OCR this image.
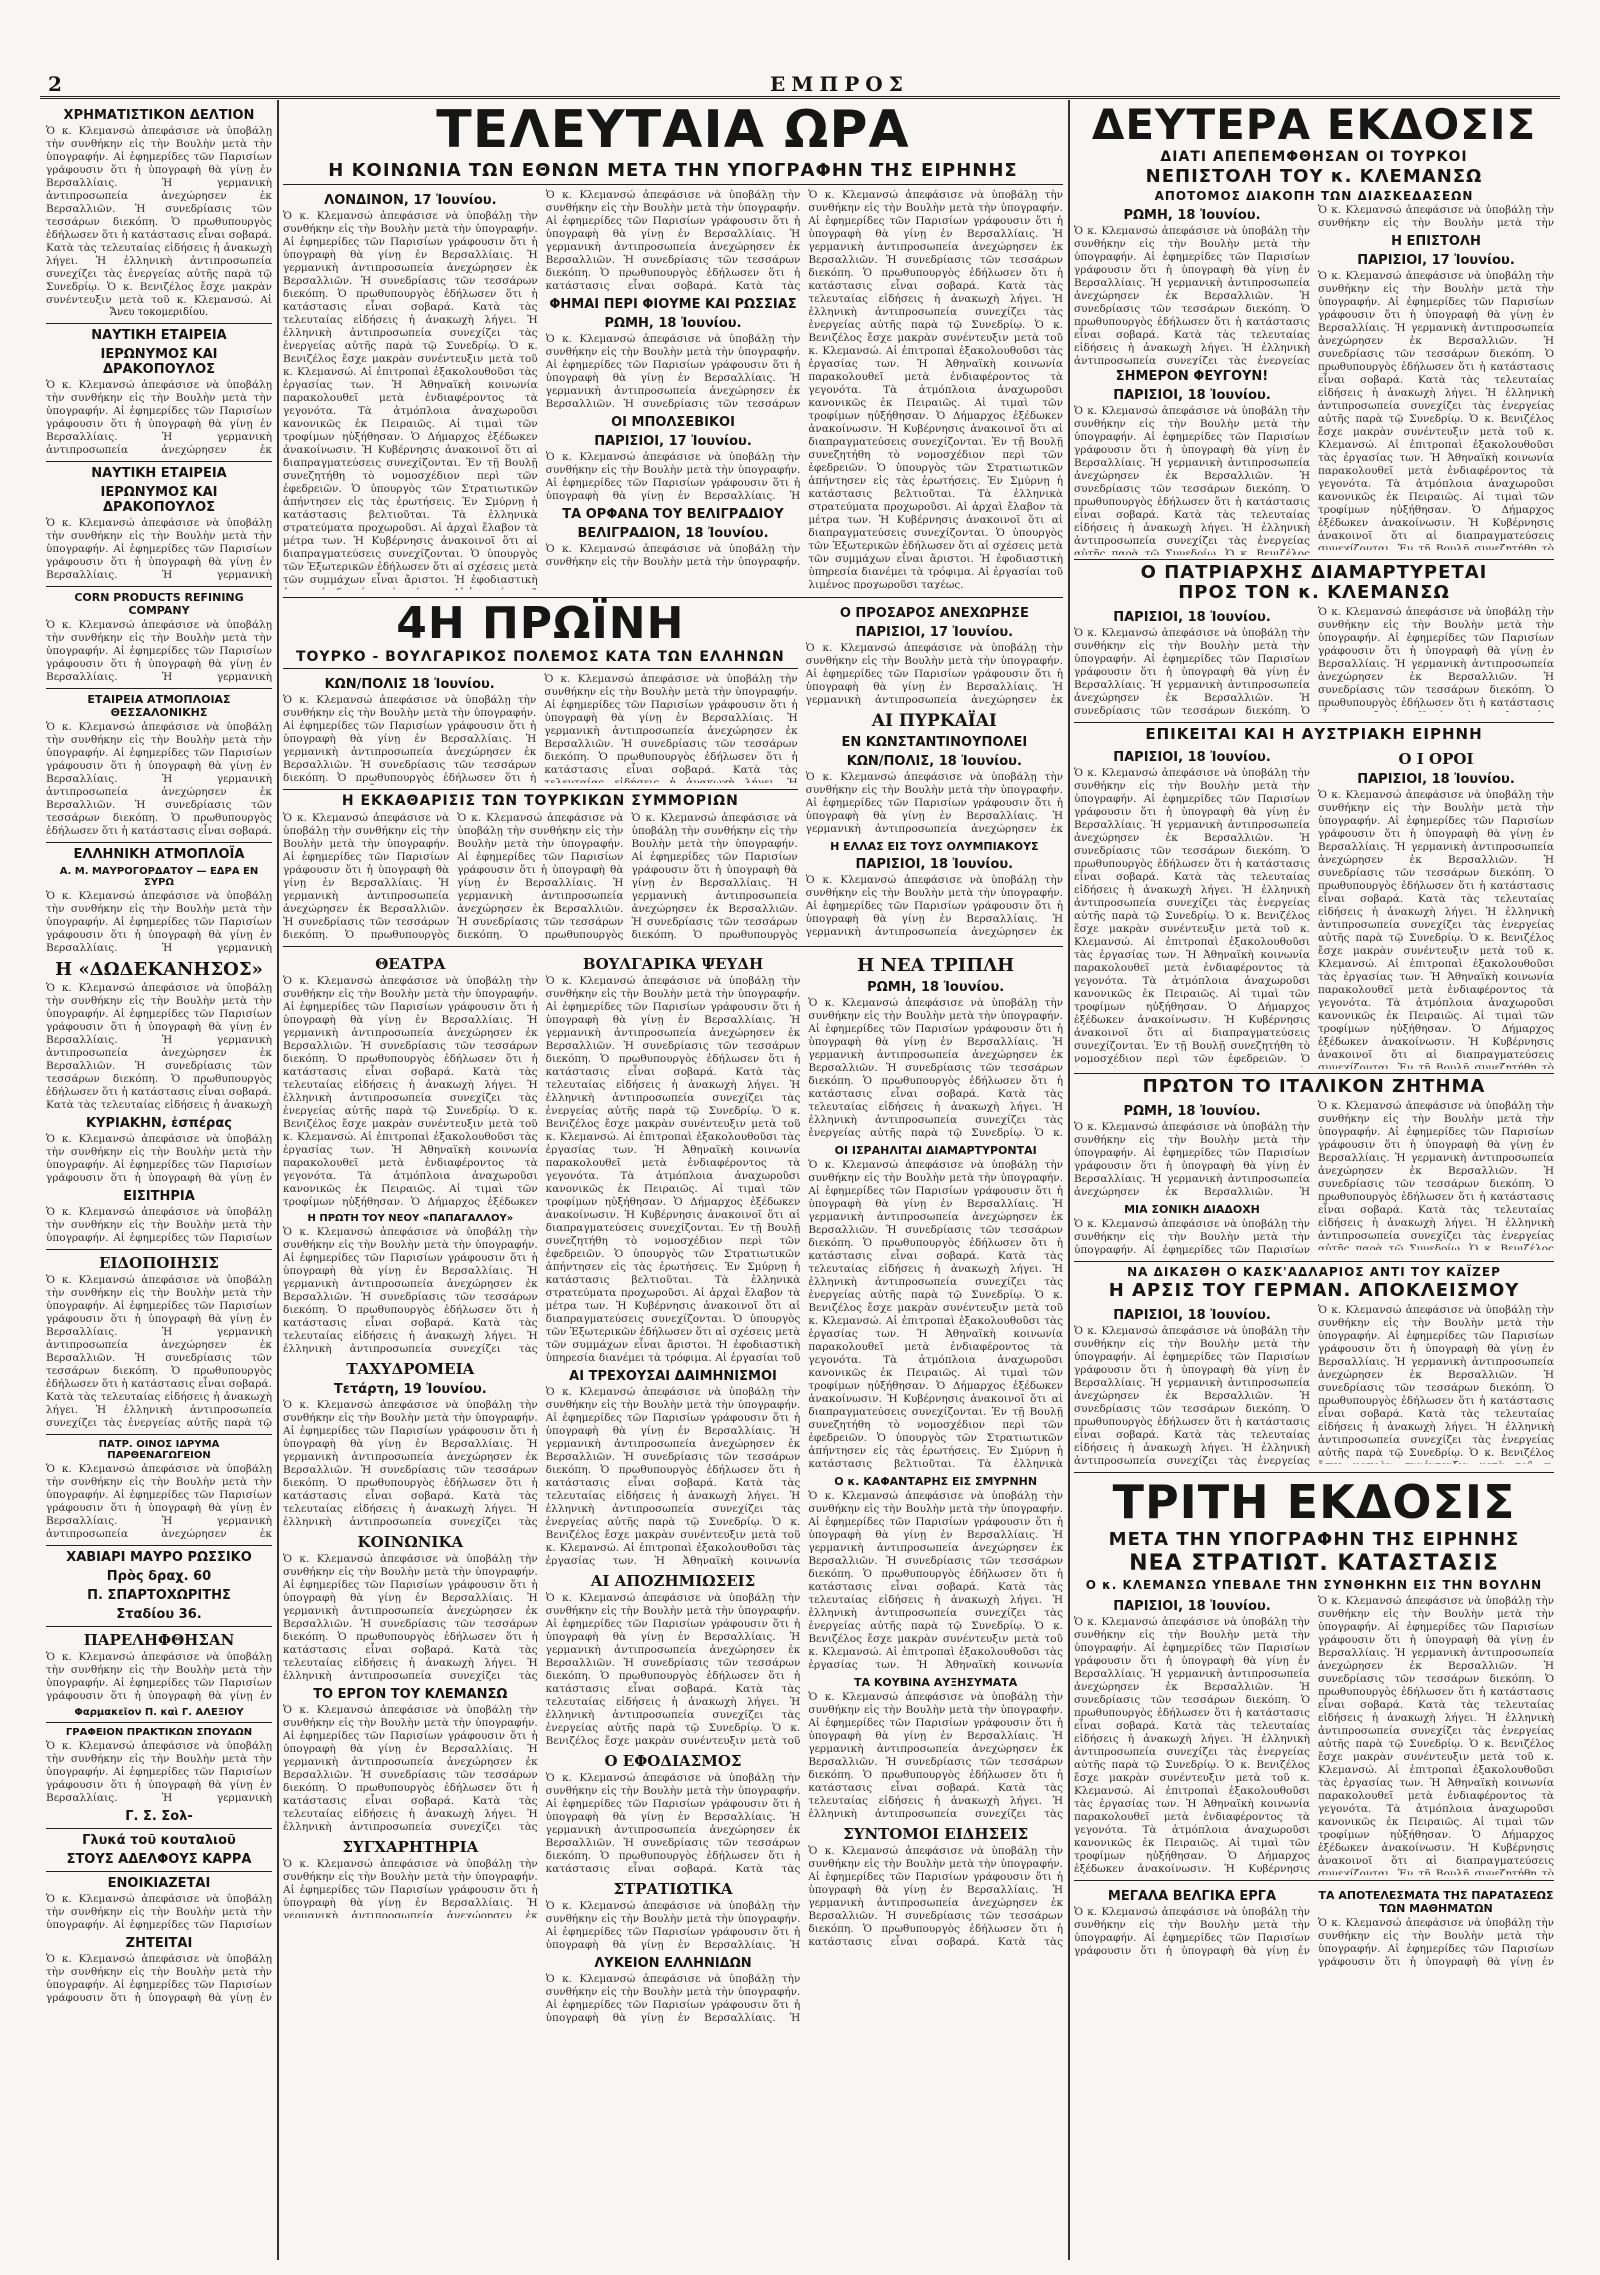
2	ΕΜΠΡΟΣ
ΧΡΗΜΑΤΙΣΤΙΚΟΝ ΔΕΛΤΙΟΝ
Ὁ κ. Κλεμανσώ ἀπεφάσισε νὰ ὑποβάλῃ τὴν συνθήκην εἰς τὴν Βουλὴν μετὰ τὴν ὑπογραφήν. Αἱ ἐφημερίδες τῶν Παρισίων γράφουσιν ὅτι ἡ ὑπογραφὴ θὰ γίνῃ ἐν Βερσαλλίαις. Ἡ γερμανικὴ ἀντιπροσωπεία ἀνεχώρησεν ἐκ Βερσαλλιῶν. Ἡ συνεδρίασις τῶν τεσσάρων διεκόπη. Ὁ πρωθυπουργὸς ἐδήλωσεν ὅτι ἡ κατάστασις εἶναι σοβαρά. Κατὰ τὰς τελευταίας εἰδήσεις ἡ ἀνακωχὴ λήγει. Ἡ ἐλληνικὴ ἀντιπροσωπεία συνεχίζει τὰς ἐνεργείας αὐτῆς παρὰ τῷ Συνεδρίῳ. Ὁ κ. Βενιζέλος ἔσχε μακρὰν συνέντευξιν μετὰ τοῦ κ. Κλεμανσώ. Αἱ ἐπιτροπαὶ ἐξακολουθοῦσι τὰς ἐργασίας των. Ἡ Ἀθηναϊκὴ κοινωνία παρακολουθεῖ μετὰ ἐνδιαφέροντος τὰ γεγονότα. Τὰ ἀτμόπλοια ἀναχωροῦσι κανονικῶς ἐκ Πειραιῶς. Αἱ τιμαὶ τῶν τροφίμων ηὐξήθησαν. Ὁ Δήμαρχος ἐξέδωκεν ἀνακοίνωσιν.
Ἄνευ τοκομεριδίου.
ΝΑΥΤΙΚΗ ΕΤΑΙΡΕΙΑ
ΙΕΡΩΝΥΜΟΣ ΚΑΙ ΔΡΑΚΟΠΟΥΛΟΣ
Ὁ κ. Κλεμανσώ ἀπεφάσισε νὰ ὑποβάλῃ τὴν συνθήκην εἰς τὴν Βουλὴν μετὰ τὴν ὑπογραφήν. Αἱ ἐφημερίδες τῶν Παρισίων γράφουσιν ὅτι ἡ ὑπογραφὴ θὰ γίνῃ ἐν Βερσαλλίαις. Ἡ γερμανικὴ ἀντιπροσωπεία ἀνεχώρησεν ἐκ Βερσαλλιῶν. Ἡ συνεδρίασις τῶν τεσσάρων διεκόπη. Ὁ πρωθυπουργὸς ἐδήλωσεν ὅτι ἡ κατάστασις εἶναι σοβαρά. Κατὰ τὰς τελευταίας εἰδήσεις ἡ ἀνακωχὴ λήγει. Ἡ ἐλληνικὴ ἀντιπροσωπεία συνεχίζει τὰς ἐνεργείας αὐτῆς παρὰ τῷ Συνεδρίῳ. Ὁ κ. Βενιζέλος ἔσχε μακρὰν συνέντευξιν μετὰ τοῦ κ. Κλεμανσώ. Αἱ ἐπιτροπαὶ ἐξακολουθοῦσι τὰς ἐργασίας των. Ἡ Ἀθηναϊκὴ κοινωνία παρακολουθεῖ μετὰ ἐνδιαφέροντος τὰ γεγονότα. Τὰ ἀτμόπλοια ἀναχωροῦσι κανονικῶς ἐκ Πειραιῶς. Αἱ τιμαὶ τῶν τροφίμων ηὐξήθησαν. Ὁ Δήμαρχος ἐξέδωκεν ἀνακοίνωσιν.
ΝΑΥΤΙΚΗ ΕΤΑΙΡΕΙΑ
ΙΕΡΩΝΥΜΟΣ ΚΑΙ ΔΡΑΚΟΠΟΥΛΟΣ
Ὁ κ. Κλεμανσώ ἀπεφάσισε νὰ ὑποβάλῃ τὴν συνθήκην εἰς τὴν Βουλὴν μετὰ τὴν ὑπογραφήν. Αἱ ἐφημερίδες τῶν Παρισίων γράφουσιν ὅτι ἡ ὑπογραφὴ θὰ γίνῃ ἐν Βερσαλλίαις. Ἡ γερμανικὴ ἀντιπροσωπεία ἀνεχώρησεν ἐκ Βερσαλλιῶν. Ἡ συνεδρίασις τῶν τεσσάρων διεκόπη. Ὁ πρωθυπουργὸς ἐδήλωσεν ὅτι ἡ κατάστασις εἶναι σοβαρά. Κατὰ τὰς τελευταίας εἰδήσεις ἡ ἀνακωχὴ λήγει. Ἡ ἐλληνικὴ ἀντιπροσωπεία συνεχίζει τὰς ἐνεργείας αὐτῆς παρὰ τῷ Συνεδρίῳ. Ὁ κ. Βενιζέλος ἔσχε μακρὰν συνέντευξιν μετὰ τοῦ κ. Κλεμανσώ. Αἱ ἐπιτροπαὶ ἐξακολουθοῦσι τὰς ἐργασίας των. Ἡ Ἀθηναϊκὴ κοινωνία παρακολουθεῖ μετὰ ἐνδιαφέροντος τὰ γεγονότα. Τὰ ἀτμόπλοια ἀναχωροῦσι κανονικῶς ἐκ Πειραιῶς. Αἱ τιμαὶ τῶν τροφίμων ηὐξήθησαν. Ὁ Δήμαρχος ἐξέδωκεν ἀνακοίνωσιν.
CORN PRODUCTS REFINING COMPANY
Ὁ κ. Κλεμανσώ ἀπεφάσισε νὰ ὑποβάλῃ τὴν συνθήκην εἰς τὴν Βουλὴν μετὰ τὴν ὑπογραφήν. Αἱ ἐφημερίδες τῶν Παρισίων γράφουσιν ὅτι ἡ ὑπογραφὴ θὰ γίνῃ ἐν Βερσαλλίαις. Ἡ γερμανικὴ ἀντιπροσωπεία ἀνεχώρησεν ἐκ Βερσαλλιῶν. Ἡ συνεδρίασις τῶν τεσσάρων διεκόπη. Ὁ πρωθυπουργὸς ἐδήλωσεν ὅτι ἡ κατάστασις εἶναι σοβαρά. Κατὰ τὰς τελευταίας εἰδήσεις ἡ ἀνακωχὴ λήγει. Ἡ ἐλληνικὴ ἀντιπροσωπεία συνεχίζει τὰς ἐνεργείας αὐτῆς παρὰ τῷ Συνεδρίῳ. Ὁ κ. Βενιζέλος ἔσχε μακρὰν συνέντευξιν μετὰ τοῦ κ. Κλεμανσώ. Αἱ ἐπιτροπαὶ ἐξακολουθοῦσι τὰς ἐργασίας των. Ἡ Ἀθηναϊκὴ κοινωνία παρακολουθεῖ μετὰ ἐνδιαφέροντος τὰ γεγονότα. Τὰ ἀτμόπλοια ἀναχωροῦσι κανονικῶς ἐκ Πειραιῶς. Αἱ τιμαὶ τῶν τροφίμων ηὐξήθησαν. Ὁ Δήμαρχος ἐξέδωκεν ἀνακοίνωσιν.
ΕΤΑΙΡΕΙΑ ΑΤΜΟΠΛΟΙΑΣ ΘΕΣΣΑΛΟΝΙΚΗΣ
Ὁ κ. Κλεμανσώ ἀπεφάσισε νὰ ὑποβάλῃ τὴν συνθήκην εἰς τὴν Βουλὴν μετὰ τὴν ὑπογραφήν. Αἱ ἐφημερίδες τῶν Παρισίων γράφουσιν ὅτι ἡ ὑπογραφὴ θὰ γίνῃ ἐν Βερσαλλίαις. Ἡ γερμανικὴ ἀντιπροσωπεία ἀνεχώρησεν ἐκ Βερσαλλιῶν. Ἡ συνεδρίασις τῶν τεσσάρων διεκόπη. Ὁ πρωθυπουργὸς ἐδήλωσεν ὅτι ἡ κατάστασις εἶναι σοβαρά. Κατὰ τὰς τελευταίας εἰδήσεις ἡ ἀνακωχὴ λήγει. Ἡ ἐλληνικὴ ἀντιπροσωπεία συνεχίζει τὰς ἐνεργείας αὐτῆς παρὰ τῷ Συνεδρίῳ. Ὁ κ. Βενιζέλος ἔσχε μακρὰν συνέντευξιν μετὰ τοῦ κ. Κλεμανσώ. Αἱ ἐπιτροπαὶ ἐξακολουθοῦσι τὰς ἐργασίας των. Ἡ Ἀθηναϊκὴ κοινωνία παρακολουθεῖ μετὰ ἐνδιαφέροντος τὰ γεγονότα. Τὰ ἀτμόπλοια ἀναχωροῦσι κανονικῶς ἐκ Πειραιῶς. Αἱ τιμαὶ τῶν τροφίμων ηὐξήθησαν. Ὁ Δήμαρχος ἐξέδωκεν ἀνακοίνωσιν.
ΕΛΛΗΝΙΚΗ ΑΤΜΟΠΛΟΪΑ
Α. Μ. ΜΑΥΡΟΓΟΡΔΑΤΟΥ — ΕΔΡΑ ΕΝ ΣΥΡΩ
Ὁ κ. Κλεμανσώ ἀπεφάσισε νὰ ὑποβάλῃ τὴν συνθήκην εἰς τὴν Βουλὴν μετὰ τὴν ὑπογραφήν. Αἱ ἐφημερίδες τῶν Παρισίων γράφουσιν ὅτι ἡ ὑπογραφὴ θὰ γίνῃ ἐν Βερσαλλίαις. Ἡ γερμανικὴ ἀντιπροσωπεία ἀνεχώρησεν ἐκ Βερσαλλιῶν. Ἡ συνεδρίασις τῶν τεσσάρων διεκόπη. Ὁ πρωθυπουργὸς ἐδήλωσεν ὅτι ἡ κατάστασις εἶναι σοβαρά. Κατὰ τὰς τελευταίας εἰδήσεις ἡ ἀνακωχὴ λήγει. Ἡ ἐλληνικὴ ἀντιπροσωπεία συνεχίζει τὰς ἐνεργείας αὐτῆς παρὰ τῷ Συνεδρίῳ. Ὁ κ. Βενιζέλος ἔσχε μακρὰν συνέντευξιν μετὰ τοῦ κ. Κλεμανσώ. Αἱ ἐπιτροπαὶ ἐξακολουθοῦσι τὰς ἐργασίας των. Ἡ Ἀθηναϊκὴ κοινωνία παρακολουθεῖ μετὰ ἐνδιαφέροντος τὰ γεγονότα. Τὰ ἀτμόπλοια ἀναχωροῦσι κανονικῶς ἐκ Πειραιῶς. Αἱ τιμαὶ τῶν τροφίμων ηὐξήθησαν. Ὁ Δήμαρχος ἐξέδωκεν ἀνακοίνωσιν.
Η «ΔΩΔΕΚΑΝΗΣΟΣ»
Ὁ κ. Κλεμανσώ ἀπεφάσισε νὰ ὑποβάλῃ τὴν συνθήκην εἰς τὴν Βουλὴν μετὰ τὴν ὑπογραφήν. Αἱ ἐφημερίδες τῶν Παρισίων γράφουσιν ὅτι ἡ ὑπογραφὴ θὰ γίνῃ ἐν Βερσαλλίαις. Ἡ γερμανικὴ ἀντιπροσωπεία ἀνεχώρησεν ἐκ Βερσαλλιῶν. Ἡ συνεδρίασις τῶν τεσσάρων διεκόπη. Ὁ πρωθυπουργὸς ἐδήλωσεν ὅτι ἡ κατάστασις εἶναι σοβαρά. Κατὰ τὰς τελευταίας εἰδήσεις ἡ ἀνακωχὴ λήγει. Ἡ ἐλληνικὴ ἀντιπροσωπεία συνεχίζει τὰς ἐνεργείας αὐτῆς παρὰ τῷ Συνεδρίῳ. Ὁ κ. Βενιζέλος ἔσχε μακρὰν συνέντευξιν μετὰ τοῦ κ. Κλεμανσώ. Αἱ ἐπιτροπαὶ ἐξακολουθοῦσι τὰς ἐργασίας των. Ἡ Ἀθηναϊκὴ κοινωνία παρακολουθεῖ μετὰ ἐνδιαφέροντος τὰ γεγονότα. Τὰ ἀτμόπλοια ἀναχωροῦσι κανονικῶς ἐκ Πειραιῶς. Αἱ τιμαὶ τῶν τροφίμων ηὐξήθησαν. Ὁ Δήμαρχος ἐξέδωκεν ἀνακοίνωσιν.
ΚΥΡΙΑΚΗΝ, ἑσπέρας
Ὁ κ. Κλεμανσώ ἀπεφάσισε νὰ ὑποβάλῃ τὴν συνθήκην εἰς τὴν Βουλὴν μετὰ τὴν ὑπογραφήν. Αἱ ἐφημερίδες τῶν Παρισίων γράφουσιν ὅτι ἡ ὑπογραφὴ θὰ γίνῃ ἐν Βερσαλλίαις. Ἡ γερμανικὴ ἀντιπροσωπεία ἀνεχώρησεν ἐκ Βερσαλλιῶν. Ἡ συνεδρίασις τῶν τεσσάρων διεκόπη. Ὁ πρωθυπουργὸς ἐδήλωσεν ὅτι ἡ κατάστασις εἶναι σοβαρά. Κατὰ τὰς τελευταίας εἰδήσεις ἡ ἀνακωχὴ λήγει. Ἡ ἐλληνικὴ ἀντιπροσωπεία συνεχίζει τὰς ἐνεργείας αὐτῆς παρὰ τῷ Συνεδρίῳ. Ὁ κ. Βενιζέλος ἔσχε μακρὰν συνέντευξιν μετὰ τοῦ κ. Κλεμανσώ. Αἱ ἐπιτροπαὶ ἐξακολουθοῦσι τὰς ἐργασίας των. Ἡ Ἀθηναϊκὴ κοινωνία παρακολουθεῖ μετὰ ἐνδιαφέροντος τὰ γεγονότα. Τὰ ἀτμόπλοια ἀναχωροῦσι κανονικῶς ἐκ Πειραιῶς. Αἱ τιμαὶ τῶν τροφίμων ηὐξήθησαν. Ὁ Δήμαρχος ἐξέδωκεν ἀνακοίνωσιν.
ΕΙΣΙΤΗΡΙΑ
Ὁ κ. Κλεμανσώ ἀπεφάσισε νὰ ὑποβάλῃ τὴν συνθήκην εἰς τὴν Βουλὴν μετὰ τὴν ὑπογραφήν. Αἱ ἐφημερίδες τῶν Παρισίων γράφουσιν ὅτι ἡ ὑπογραφὴ θὰ γίνῃ ἐν Βερσαλλίαις. Ἡ γερμανικὴ ἀντιπροσωπεία ἀνεχώρησεν ἐκ Βερσαλλιῶν. Ἡ συνεδρίασις τῶν τεσσάρων διεκόπη. Ὁ πρωθυπουργὸς ἐδήλωσεν ὅτι ἡ κατάστασις εἶναι σοβαρά. Κατὰ τὰς τελευταίας εἰδήσεις ἡ ἀνακωχὴ λήγει. Ἡ ἐλληνικὴ ἀντιπροσωπεία συνεχίζει τὰς ἐνεργείας αὐτῆς παρὰ τῷ Συνεδρίῳ. Ὁ κ. Βενιζέλος ἔσχε μακρὰν συνέντευξιν μετὰ τοῦ κ. Κλεμανσώ. Αἱ ἐπιτροπαὶ ἐξακολουθοῦσι τὰς ἐργασίας των. Ἡ Ἀθηναϊκὴ κοινωνία παρακολουθεῖ μετὰ ἐνδιαφέροντος τὰ γεγονότα. Τὰ ἀτμόπλοια ἀναχωροῦσι κανονικῶς ἐκ Πειραιῶς. Αἱ τιμαὶ τῶν τροφίμων ηὐξήθησαν. Ὁ Δήμαρχος ἐξέδωκεν ἀνακοίνωσιν.
ΕΙΔΟΠΟΙΗΣΙΣ
Ὁ κ. Κλεμανσώ ἀπεφάσισε νὰ ὑποβάλῃ τὴν συνθήκην εἰς τὴν Βουλὴν μετὰ τὴν ὑπογραφήν. Αἱ ἐφημερίδες τῶν Παρισίων γράφουσιν ὅτι ἡ ὑπογραφὴ θὰ γίνῃ ἐν Βερσαλλίαις. Ἡ γερμανικὴ ἀντιπροσωπεία ἀνεχώρησεν ἐκ Βερσαλλιῶν. Ἡ συνεδρίασις τῶν τεσσάρων διεκόπη. Ὁ πρωθυπουργὸς ἐδήλωσεν ὅτι ἡ κατάστασις εἶναι σοβαρά. Κατὰ τὰς τελευταίας εἰδήσεις ἡ ἀνακωχὴ λήγει. Ἡ ἐλληνικὴ ἀντιπροσωπεία συνεχίζει τὰς ἐνεργείας αὐτῆς παρὰ τῷ Συνεδρίῳ. Ὁ κ. Βενιζέλος ἔσχε μακρὰν συνέντευξιν μετὰ τοῦ κ. Κλεμανσώ. Αἱ ἐπιτροπαὶ ἐξακολουθοῦσι τὰς ἐργασίας των. Ἡ Ἀθηναϊκὴ κοινωνία παρακολουθεῖ μετὰ ἐνδιαφέροντος τὰ γεγονότα. Τὰ ἀτμόπλοια ἀναχωροῦσι κανονικῶς ἐκ Πειραιῶς. Αἱ τιμαὶ τῶν τροφίμων ηὐξήθησαν. Ὁ Δήμαρχος ἐξέδωκεν ἀνακοίνωσιν.
ΠΑΤΡ. ΟΙΝΟΣ ΙΔΡΥΜΑ ΠΑΡΘΕΝΑΓΩΓΕΙΟΝ
Ὁ κ. Κλεμανσώ ἀπεφάσισε νὰ ὑποβάλῃ τὴν συνθήκην εἰς τὴν Βουλὴν μετὰ τὴν ὑπογραφήν. Αἱ ἐφημερίδες τῶν Παρισίων γράφουσιν ὅτι ἡ ὑπογραφὴ θὰ γίνῃ ἐν Βερσαλλίαις. Ἡ γερμανικὴ ἀντιπροσωπεία ἀνεχώρησεν ἐκ Βερσαλλιῶν. Ἡ συνεδρίασις τῶν τεσσάρων διεκόπη. Ὁ πρωθυπουργὸς ἐδήλωσεν ὅτι ἡ κατάστασις εἶναι σοβαρά. Κατὰ τὰς τελευταίας εἰδήσεις ἡ ἀνακωχὴ λήγει. Ἡ ἐλληνικὴ ἀντιπροσωπεία συνεχίζει τὰς ἐνεργείας αὐτῆς παρὰ τῷ Συνεδρίῳ. Ὁ κ. Βενιζέλος ἔσχε μακρὰν συνέντευξιν μετὰ τοῦ κ. Κλεμανσώ. Αἱ ἐπιτροπαὶ ἐξακολουθοῦσι τὰς ἐργασίας των. Ἡ Ἀθηναϊκὴ κοινωνία παρακολουθεῖ μετὰ ἐνδιαφέροντος τὰ γεγονότα. Τὰ ἀτμόπλοια ἀναχωροῦσι κανονικῶς ἐκ Πειραιῶς. Αἱ τιμαὶ τῶν τροφίμων ηὐξήθησαν. Ὁ Δήμαρχος ἐξέδωκεν ἀνακοίνωσιν.
ΧΑΒΙΑΡΙ ΜΑΥΡΟ ΡΩΣΣΙΚΟ
Πρὸς δραχ. 60
Π. ΣΠΑΡΤΟΧΩΡΙΤΗΣ
Σταδίου 36.
ΠΑΡΕΛΗΦΘΗΣΑΝ
Ὁ κ. Κλεμανσώ ἀπεφάσισε νὰ ὑποβάλῃ τὴν συνθήκην εἰς τὴν Βουλὴν μετὰ τὴν ὑπογραφήν. Αἱ ἐφημερίδες τῶν Παρισίων γράφουσιν ὅτι ἡ ὑπογραφὴ θὰ γίνῃ ἐν Βερσαλλίαις. Ἡ γερμανικὴ ἀντιπροσωπεία ἀνεχώρησεν ἐκ Βερσαλλιῶν. Ἡ συνεδρίασις τῶν τεσσάρων διεκόπη. Ὁ πρωθυπουργὸς ἐδήλωσεν ὅτι ἡ κατάστασις εἶναι σοβαρά. Κατὰ τὰς τελευταίας εἰδήσεις ἡ ἀνακωχὴ λήγει. Ἡ ἐλληνικὴ ἀντιπροσωπεία συνεχίζει τὰς ἐνεργείας αὐτῆς παρὰ τῷ Συνεδρίῳ. Ὁ κ. Βενιζέλος ἔσχε μακρὰν συνέντευξιν μετὰ τοῦ κ. Κλεμανσώ. Αἱ ἐπιτροπαὶ ἐξακολουθοῦσι τὰς ἐργασίας των. Ἡ Ἀθηναϊκὴ κοινωνία παρακολουθεῖ μετὰ ἐνδιαφέροντος τὰ γεγονότα. Τὰ ἀτμόπλοια ἀναχωροῦσι κανονικῶς ἐκ Πειραιῶς. Αἱ τιμαὶ τῶν τροφίμων ηὐξήθησαν. Ὁ Δήμαρχος ἐξέδωκεν ἀνακοίνωσιν.
Φαρμακεῖον Π. καὶ Γ. ΑΛΕΞΙΟΥ
ΓΡΑΦΕΙΟΝ ΠΡΑΚΤΙΚΩΝ ΣΠΟΥΔΩΝ
Ὁ κ. Κλεμανσώ ἀπεφάσισε νὰ ὑποβάλῃ τὴν συνθήκην εἰς τὴν Βουλὴν μετὰ τὴν ὑπογραφήν. Αἱ ἐφημερίδες τῶν Παρισίων γράφουσιν ὅτι ἡ ὑπογραφὴ θὰ γίνῃ ἐν Βερσαλλίαις. Ἡ γερμανικὴ ἀντιπροσωπεία ἀνεχώρησεν ἐκ Βερσαλλιῶν. Ἡ συνεδρίασις τῶν τεσσάρων διεκόπη. Ὁ πρωθυπουργὸς ἐδήλωσεν ὅτι ἡ κατάστασις εἶναι σοβαρά. Κατὰ τὰς τελευταίας εἰδήσεις ἡ ἀνακωχὴ λήγει. Ἡ ἐλληνικὴ ἀντιπροσωπεία συνεχίζει τὰς ἐνεργείας αὐτῆς παρὰ τῷ Συνεδρίῳ. Ὁ κ. Βενιζέλος ἔσχε μακρὰν συνέντευξιν μετὰ τοῦ κ. Κλεμανσώ. Αἱ ἐπιτροπαὶ ἐξακολουθοῦσι τὰς ἐργασίας των. Ἡ Ἀθηναϊκὴ κοινωνία παρακολουθεῖ μετὰ ἐνδιαφέροντος τὰ γεγονότα. Τὰ ἀτμόπλοια ἀναχωροῦσι κανονικῶς ἐκ Πειραιῶς. Αἱ τιμαὶ τῶν τροφίμων ηὐξήθησαν. Ὁ Δήμαρχος ἐξέδωκεν ἀνακοίνωσιν.
Γ. Σ. Σολ-
Γλυκά τοῦ κουταλιοῦ
ΣΤΟΥΣ ΑΔΕΛΦΟΥΣ ΚΑΡΡΑ
ΕΝΟΙΚΙΑΖΕΤΑΙ
Ὁ κ. Κλεμανσώ ἀπεφάσισε νὰ ὑποβάλῃ τὴν συνθήκην εἰς τὴν Βουλὴν μετὰ τὴν ὑπογραφήν. Αἱ ἐφημερίδες τῶν Παρισίων γράφουσιν ὅτι ἡ ὑπογραφὴ θὰ γίνῃ ἐν Βερσαλλίαις. Ἡ γερμανικὴ ἀντιπροσωπεία ἀνεχώρησεν ἐκ Βερσαλλιῶν. Ἡ συνεδρίασις τῶν τεσσάρων διεκόπη. Ὁ πρωθυπουργὸς ἐδήλωσεν ὅτι ἡ κατάστασις εἶναι σοβαρά. Κατὰ τὰς τελευταίας εἰδήσεις ἡ ἀνακωχὴ λήγει. Ἡ ἐλληνικὴ ἀντιπροσωπεία συνεχίζει τὰς ἐνεργείας αὐτῆς παρὰ τῷ Συνεδρίῳ. Ὁ κ. Βενιζέλος ἔσχε μακρὰν συνέντευξιν μετὰ τοῦ κ. Κλεμανσώ. Αἱ ἐπιτροπαὶ ἐξακολουθοῦσι τὰς ἐργασίας των. Ἡ Ἀθηναϊκὴ κοινωνία παρακολουθεῖ μετὰ ἐνδιαφέροντος τὰ γεγονότα. Τὰ ἀτμόπλοια ἀναχωροῦσι κανονικῶς ἐκ Πειραιῶς. Αἱ τιμαὶ τῶν τροφίμων ηὐξήθησαν. Ὁ Δήμαρχος ἐξέδωκεν ἀνακοίνωσιν.
ΖΗΤΕΙΤΑΙ
Ὁ κ. Κλεμανσώ ἀπεφάσισε νὰ ὑποβάλῃ τὴν συνθήκην εἰς τὴν Βουλὴν μετὰ τὴν ὑπογραφήν. Αἱ ἐφημερίδες τῶν Παρισίων γράφουσιν ὅτι ἡ ὑπογραφὴ θὰ γίνῃ ἐν Βερσαλλίαις. Ἡ γερμανικὴ ἀντιπροσωπεία ἀνεχώρησεν ἐκ Βερσαλλιῶν. Ἡ συνεδρίασις τῶν τεσσάρων διεκόπη. Ὁ πρωθυπουργὸς ἐδήλωσεν ὅτι ἡ κατάστασις εἶναι σοβαρά. Κατὰ τὰς τελευταίας εἰδήσεις ἡ ἀνακωχὴ λήγει. Ἡ ἐλληνικὴ ἀντιπροσωπεία συνεχίζει τὰς ἐνεργείας αὐτῆς παρὰ τῷ Συνεδρίῳ. Ὁ κ. Βενιζέλος ἔσχε μακρὰν συνέντευξιν μετὰ τοῦ κ. Κλεμανσώ. Αἱ ἐπιτροπαὶ ἐξακολουθοῦσι τὰς ἐργασίας των. Ἡ Ἀθηναϊκὴ κοινωνία παρακολουθεῖ μετὰ ἐνδιαφέροντος τὰ γεγονότα. Τὰ ἀτμόπλοια ἀναχωροῦσι κανονικῶς ἐκ Πειραιῶς. Αἱ τιμαὶ τῶν τροφίμων ηὐξήθησαν. Ὁ Δήμαρχος ἐξέδωκεν ἀνακοίνωσιν.
ΤΕΛΕΥΤΑΙΑ ΩΡΑ
Η ΚΟΙΝΩΝΙΑ ΤΩΝ ΕΘΝΩΝ ΜΕΤΑ ΤΗΝ ΥΠΟΓΡΑΦΗΝ ΤΗΣ ΕΙΡΗΝΗΣ
ΛΟΝΔΙΝΟΝ, 17 Ἰουνίου.
Ὁ κ. Κλεμανσώ ἀπεφάσισε νὰ ὑποβάλῃ τὴν συνθήκην εἰς τὴν Βουλὴν μετὰ τὴν ὑπογραφήν. Αἱ ἐφημερίδες τῶν Παρισίων γράφουσιν ὅτι ἡ ὑπογραφὴ θὰ γίνῃ ἐν Βερσαλλίαις. Ἡ γερμανικὴ ἀντιπροσωπεία ἀνεχώρησεν ἐκ Βερσαλλιῶν. Ἡ συνεδρίασις τῶν τεσσάρων διεκόπη. Ὁ πρωθυπουργὸς ἐδήλωσεν ὅτι ἡ κατάστασις εἶναι σοβαρά. Κατὰ τὰς τελευταίας εἰδήσεις ἡ ἀνακωχὴ λήγει. Ἡ ἐλληνικὴ ἀντιπροσωπεία συνεχίζει τὰς ἐνεργείας αὐτῆς παρὰ τῷ Συνεδρίῳ. Ὁ κ. Βενιζέλος ἔσχε μακρὰν συνέντευξιν μετὰ τοῦ κ. Κλεμανσώ. Αἱ ἐπιτροπαὶ ἐξακολουθοῦσι τὰς ἐργασίας των. Ἡ Ἀθηναϊκὴ κοινωνία παρακολουθεῖ μετὰ ἐνδιαφέροντος τὰ γεγονότα. Τὰ ἀτμόπλοια ἀναχωροῦσι κανονικῶς ἐκ Πειραιῶς. Αἱ τιμαὶ τῶν τροφίμων ηὐξήθησαν. Ὁ Δήμαρχος ἐξέδωκεν ἀνακοίνωσιν. Ἡ Κυβέρνησις ἀνακοινοῖ ὅτι αἱ διαπραγματεύσεις συνεχίζονται. Ἐν τῇ Βουλῇ συνεζητήθη τὸ νομοσχέδιον περὶ τῶν ἐφεδρειῶν. Ὁ ὑπουργὸς τῶν Στρατιωτικῶν ἀπήντησεν εἰς τὰς ἐρωτήσεις. Ἐν Σμύρνῃ ἡ κατάστασις βελτιοῦται. Τὰ ἑλληνικὰ στρατεύματα προχωροῦσι. Αἱ ἀρχαὶ ἔλαβον τὰ μέτρα των. Ἡ Κυβέρνησις ἀνακοινοῖ ὅτι αἱ διαπραγματεύσεις συνεχίζονται. Ὁ ὑπουργὸς τῶν Ἐξωτερικῶν ἐδήλωσεν ὅτι αἱ σχέσεις μετὰ τῶν συμμάχων εἶναι ἄριστοι. Ἡ ἐφοδιαστικὴ ὑπηρεσία διανέμει τὰ τρόφιμα. Αἱ ἐργασίαι τοῦ λιμένος προχωροῦσι ταχέως.
Ὁ κ. Κλεμανσώ ἀπεφάσισε νὰ ὑποβάλῃ τὴν συνθήκην εἰς τὴν Βουλὴν μετὰ τὴν ὑπογραφήν. Αἱ ἐφημερίδες τῶν Παρισίων γράφουσιν ὅτι ἡ ὑπογραφὴ θὰ γίνῃ ἐν Βερσαλλίαις. Ἡ γερμανικὴ ἀντιπροσωπεία ἀνεχώρησεν ἐκ Βερσαλλιῶν. Ἡ συνεδρίασις τῶν τεσσάρων διεκόπη. Ὁ πρωθυπουργὸς ἐδήλωσεν ὅτι ἡ κατάστασις εἶναι σοβαρά. Κατὰ τὰς τελευταίας εἰδήσεις ἡ ἀνακωχὴ λήγει. Ἡ ἐλληνικὴ ἀντιπροσωπεία συνεχίζει τὰς ἐνεργείας αὐτῆς παρὰ τῷ Συνεδρίῳ. Ὁ κ. Βενιζέλος ἔσχε μακρὰν συνέντευξιν μετὰ τοῦ κ. Κλεμανσώ. Αἱ ἐπιτροπαὶ ἐξακολουθοῦσι τὰς ἐργασίας των. Ἡ Ἀθηναϊκὴ κοινωνία παρακολουθεῖ μετὰ ἐνδιαφέροντος τὰ γεγονότα. Τὰ ἀτμόπλοια ἀναχωροῦσι κανονικῶς ἐκ Πειραιῶς. Αἱ τιμαὶ τῶν τροφίμων ηὐξήθησαν. Ὁ Δήμαρχος ἐξέδωκεν ἀνακοίνωσιν. Ἡ Κυβέρνησις ἀνακοινοῖ ὅτι αἱ διαπραγματεύσεις συνεχίζονται. Ἐν τῇ Βουλῇ συνεζητήθη τὸ νομοσχέδιον περὶ τῶν ἐφεδρειῶν. Ὁ ὑπουργὸς τῶν Στρατιωτικῶν ἀπήντησεν εἰς τὰς ἐρωτήσεις. Ἐν Σμύρνῃ ἡ κατάστασις βελτιοῦται. Τὰ ἑλληνικὰ στρατεύματα προχωροῦσι. Αἱ ἀρχαὶ ἔλαβον τὰ μέτρα των.
ΦΗΜΑΙ ΠΕΡΙ ΦΙΟΥΜΕ ΚΑΙ ΡΩΣΣΙΑΣ
ΡΩΜΗ, 18 Ἰουνίου.
Ὁ κ. Κλεμανσώ ἀπεφάσισε νὰ ὑποβάλῃ τὴν συνθήκην εἰς τὴν Βουλὴν μετὰ τὴν ὑπογραφήν. Αἱ ἐφημερίδες τῶν Παρισίων γράφουσιν ὅτι ἡ ὑπογραφὴ θὰ γίνῃ ἐν Βερσαλλίαις. Ἡ γερμανικὴ ἀντιπροσωπεία ἀνεχώρησεν ἐκ Βερσαλλιῶν. Ἡ συνεδρίασις τῶν τεσσάρων διεκόπη. Ὁ πρωθυπουργὸς ἐδήλωσεν ὅτι ἡ κατάστασις εἶναι σοβαρά. Κατὰ τὰς τελευταίας εἰδήσεις ἡ ἀνακωχὴ λήγει. Ἡ ἐλληνικὴ ἀντιπροσωπεία συνεχίζει τὰς ἐνεργείας αὐτῆς παρὰ τῷ Συνεδρίῳ. Ὁ κ. Βενιζέλος ἔσχε μακρὰν συνέντευξιν μετὰ τοῦ κ. Κλεμανσώ. Αἱ ἐπιτροπαὶ ἐξακολουθοῦσι τὰς ἐργασίας των. Ἡ Ἀθηναϊκὴ κοινωνία παρακολουθεῖ μετὰ ἐνδιαφέροντος τὰ γεγονότα. Τὰ ἀτμόπλοια ἀναχωροῦσι κανονικῶς ἐκ Πειραιῶς. Αἱ τιμαὶ τῶν τροφίμων ηὐξήθησαν. Ὁ Δήμαρχος ἐξέδωκεν ἀνακοίνωσιν.
ΟΙ ΜΠΟΛΣΕΒΙΚΟΙ
ΠΑΡΙΣΙΟΙ, 17 Ἰουνίου.
Ὁ κ. Κλεμανσώ ἀπεφάσισε νὰ ὑποβάλῃ τὴν συνθήκην εἰς τὴν Βουλὴν μετὰ τὴν ὑπογραφήν. Αἱ ἐφημερίδες τῶν Παρισίων γράφουσιν ὅτι ἡ ὑπογραφὴ θὰ γίνῃ ἐν Βερσαλλίαις. Ἡ γερμανικὴ ἀντιπροσωπεία ἀνεχώρησεν ἐκ Βερσαλλιῶν. Ἡ συνεδρίασις τῶν τεσσάρων διεκόπη. Ὁ πρωθυπουργὸς ἐδήλωσεν ὅτι ἡ κατάστασις εἶναι σοβαρά. Κατὰ τὰς τελευταίας εἰδήσεις ἡ ἀνακωχὴ λήγει. Ἡ ἐλληνικὴ ἀντιπροσωπεία συνεχίζει τὰς ἐνεργείας αὐτῆς παρὰ τῷ Συνεδρίῳ. Ὁ κ. Βενιζέλος ἔσχε μακρὰν συνέντευξιν μετὰ τοῦ κ. Κλεμανσώ. Αἱ ἐπιτροπαὶ ἐξακολουθοῦσι τὰς ἐργασίας των. Ἡ Ἀθηναϊκὴ κοινωνία παρακολουθεῖ μετὰ ἐνδιαφέροντος τὰ γεγονότα. Τὰ ἀτμόπλοια ἀναχωροῦσι κανονικῶς ἐκ Πειραιῶς. Αἱ τιμαὶ τῶν τροφίμων ηὐξήθησαν. Ὁ Δήμαρχος ἐξέδωκεν ἀνακοίνωσιν.
ΤΑ ΟΡΦΑΝΑ ΤΟΥ ΒΕΛΙΓΡΑΔΙΟΥ
ΒΕΛΙΓΡΑΔΙΟΝ, 18 Ἰουνίου.
Ὁ κ. Κλεμανσώ ἀπεφάσισε νὰ ὑποβάλῃ τὴν συνθήκην εἰς τὴν Βουλὴν μετὰ τὴν ὑπογραφήν. Αἱ ἐφημερίδες τῶν Παρισίων γράφουσιν ὅτι ἡ ὑπογραφὴ θὰ γίνῃ ἐν Βερσαλλίαις. Ἡ γερμανικὴ ἀντιπροσωπεία ἀνεχώρησεν ἐκ Βερσαλλιῶν. Ἡ συνεδρίασις τῶν τεσσάρων διεκόπη. Ὁ πρωθυπουργὸς ἐδήλωσεν ὅτι ἡ κατάστασις εἶναι σοβαρά. Κατὰ τὰς τελευταίας εἰδήσεις ἡ ἀνακωχὴ λήγει. Ἡ ἐλληνικὴ ἀντιπροσωπεία συνεχίζει τὰς ἐνεργείας αὐτῆς παρὰ τῷ Συνεδρίῳ. Ὁ κ. Βενιζέλος ἔσχε μακρὰν συνέντευξιν μετὰ τοῦ κ. Κλεμανσώ. Αἱ ἐπιτροπαὶ ἐξακολουθοῦσι τὰς ἐργασίας των. Ἡ Ἀθηναϊκὴ κοινωνία παρακολουθεῖ μετὰ ἐνδιαφέροντος τὰ γεγονότα. Τὰ ἀτμόπλοια ἀναχωροῦσι κανονικῶς ἐκ Πειραιῶς. Αἱ τιμαὶ τῶν τροφίμων ηὐξήθησαν. Ὁ Δήμαρχος ἐξέδωκεν ἀνακοίνωσιν.
Ὁ κ. Κλεμανσώ ἀπεφάσισε νὰ ὑποβάλῃ τὴν συνθήκην εἰς τὴν Βουλὴν μετὰ τὴν ὑπογραφήν. Αἱ ἐφημερίδες τῶν Παρισίων γράφουσιν ὅτι ἡ ὑπογραφὴ θὰ γίνῃ ἐν Βερσαλλίαις. Ἡ γερμανικὴ ἀντιπροσωπεία ἀνεχώρησεν ἐκ Βερσαλλιῶν. Ἡ συνεδρίασις τῶν τεσσάρων διεκόπη. Ὁ πρωθυπουργὸς ἐδήλωσεν ὅτι ἡ κατάστασις εἶναι σοβαρά. Κατὰ τὰς τελευταίας εἰδήσεις ἡ ἀνακωχὴ λήγει. Ἡ ἐλληνικὴ ἀντιπροσωπεία συνεχίζει τὰς ἐνεργείας αὐτῆς παρὰ τῷ Συνεδρίῳ. Ὁ κ. Βενιζέλος ἔσχε μακρὰν συνέντευξιν μετὰ τοῦ κ. Κλεμανσώ. Αἱ ἐπιτροπαὶ ἐξακολουθοῦσι τὰς ἐργασίας των. Ἡ Ἀθηναϊκὴ κοινωνία παρακολουθεῖ μετὰ ἐνδιαφέροντος τὰ γεγονότα. Τὰ ἀτμόπλοια ἀναχωροῦσι κανονικῶς ἐκ Πειραιῶς. Αἱ τιμαὶ τῶν τροφίμων ηὐξήθησαν. Ὁ Δήμαρχος ἐξέδωκεν ἀνακοίνωσιν. Ἡ Κυβέρνησις ἀνακοινοῖ ὅτι αἱ διαπραγματεύσεις συνεχίζονται. Ἐν τῇ Βουλῇ συνεζητήθη τὸ νομοσχέδιον περὶ τῶν ἐφεδρειῶν. Ὁ ὑπουργὸς τῶν Στρατιωτικῶν ἀπήντησεν εἰς τὰς ἐρωτήσεις. Ἐν Σμύρνῃ ἡ κατάστασις βελτιοῦται. Τὰ ἑλληνικὰ στρατεύματα προχωροῦσι. Αἱ ἀρχαὶ ἔλαβον τὰ μέτρα των. Ἡ Κυβέρνησις ἀνακοινοῖ ὅτι αἱ διαπραγματεύσεις συνεχίζονται. Ὁ ὑπουργὸς τῶν Ἐξωτερικῶν ἐδήλωσεν ὅτι αἱ σχέσεις μετὰ τῶν συμμάχων εἶναι ἄριστοι. Ἡ ἐφοδιαστικὴ ὑπηρεσία διανέμει τὰ τρόφιμα. Αἱ ἐργασίαι τοῦ λιμένος προχωροῦσι ταχέως.
4Η ΠΡΩΪΝΗ
ΤΟΥΡΚΟ - ΒΟΥΛΓΑΡΙΚΟΣ ΠΟΛΕΜΟΣ ΚΑΤΑ ΤΩΝ ΕΛΛΗΝΩΝ
ΚΩΝ/ΠΟΛΙΣ 18 Ἰουνίου.
Ὁ κ. Κλεμανσώ ἀπεφάσισε νὰ ὑποβάλῃ τὴν συνθήκην εἰς τὴν Βουλὴν μετὰ τὴν ὑπογραφήν. Αἱ ἐφημερίδες τῶν Παρισίων γράφουσιν ὅτι ἡ ὑπογραφὴ θὰ γίνῃ ἐν Βερσαλλίαις. Ἡ γερμανικὴ ἀντιπροσωπεία ἀνεχώρησεν ἐκ Βερσαλλιῶν. Ἡ συνεδρίασις τῶν τεσσάρων διεκόπη. Ὁ πρωθυπουργὸς ἐδήλωσεν ὅτι ἡ κατάστασις εἶναι σοβαρά. Κατὰ τὰς τελευταίας εἰδήσεις ἡ ἀνακωχὴ λήγει. Ἡ ἐλληνικὴ ἀντιπροσωπεία συνεχίζει τὰς ἐνεργείας αὐτῆς παρὰ τῷ Συνεδρίῳ. Ὁ κ. Βενιζέλος ἔσχε μακρὰν συνέντευξιν μετὰ τοῦ κ. Κλεμανσώ. Αἱ ἐπιτροπαὶ ἐξακολουθοῦσι τὰς ἐργασίας των. Ἡ Ἀθηναϊκὴ κοινωνία παρακολουθεῖ μετὰ ἐνδιαφέροντος τὰ γεγονότα. Τὰ ἀτμόπλοια ἀναχωροῦσι κανονικῶς ἐκ Πειραιῶς. Αἱ τιμαὶ τῶν τροφίμων ηὐξήθησαν. Ὁ Δήμαρχος ἐξέδωκεν ἀνακοίνωσιν.
Ὁ κ. Κλεμανσώ ἀπεφάσισε νὰ ὑποβάλῃ τὴν συνθήκην εἰς τὴν Βουλὴν μετὰ τὴν ὑπογραφήν. Αἱ ἐφημερίδες τῶν Παρισίων γράφουσιν ὅτι ἡ ὑπογραφὴ θὰ γίνῃ ἐν Βερσαλλίαις. Ἡ γερμανικὴ ἀντιπροσωπεία ἀνεχώρησεν ἐκ Βερσαλλιῶν. Ἡ συνεδρίασις τῶν τεσσάρων διεκόπη. Ὁ πρωθυπουργὸς ἐδήλωσεν ὅτι ἡ κατάστασις εἶναι σοβαρά. Κατὰ τὰς τελευταίας εἰδήσεις ἡ ἀνακωχὴ λήγει. Ἡ ἐλληνικὴ ἀντιπροσωπεία συνεχίζει τὰς ἐνεργείας αὐτῆς παρὰ τῷ Συνεδρίῳ. Ὁ κ. Βενιζέλος ἔσχε μακρὰν συνέντευξιν μετὰ τοῦ κ. Κλεμανσώ. Αἱ ἐπιτροπαὶ ἐξακολουθοῦσι τὰς ἐργασίας των. Ἡ Ἀθηναϊκὴ κοινωνία παρακολουθεῖ μετὰ ἐνδιαφέροντος τὰ γεγονότα. Τὰ ἀτμόπλοια ἀναχωροῦσι κανονικῶς ἐκ Πειραιῶς. Αἱ τιμαὶ τῶν τροφίμων ηὐξήθησαν. Ὁ Δήμαρχος ἐξέδωκεν ἀνακοίνωσιν.
Η ΕΚΚΑΘΑΡΙΣΙΣ ΤΩΝ ΤΟΥΡΚΙΚΩΝ ΣΥΜΜΟΡΙΩΝ
Ὁ κ. Κλεμανσώ ἀπεφάσισε νὰ ὑποβάλῃ τὴν συνθήκην εἰς τὴν Βουλὴν μετὰ τὴν ὑπογραφήν. Αἱ ἐφημερίδες τῶν Παρισίων γράφουσιν ὅτι ἡ ὑπογραφὴ θὰ γίνῃ ἐν Βερσαλλίαις. Ἡ γερμανικὴ ἀντιπροσωπεία ἀνεχώρησεν ἐκ Βερσαλλιῶν. Ἡ συνεδρίασις τῶν τεσσάρων διεκόπη. Ὁ πρωθυπουργὸς ἐδήλωσεν ὅτι ἡ κατάστασις εἶναι σοβαρά. Κατὰ τὰς τελευταίας εἰδήσεις ἡ ἀνακωχὴ λήγει. Ἡ ἐλληνικὴ ἀντιπροσωπεία συνεχίζει τὰς ἐνεργείας αὐτῆς παρὰ τῷ Συνεδρίῳ. Ὁ κ. Βενιζέλος ἔσχε μακρὰν συνέντευξιν μετὰ τοῦ κ. Κλεμανσώ. Αἱ ἐπιτροπαὶ ἐξακολουθοῦσι τὰς ἐργασίας των. Ἡ Ἀθηναϊκὴ κοινωνία παρακολουθεῖ μετὰ ἐνδιαφέροντος τὰ γεγονότα. Τὰ ἀτμόπλοια ἀναχωροῦσι κανονικῶς ἐκ Πειραιῶς. Αἱ τιμαὶ τῶν τροφίμων ηὐξήθησαν. Ὁ Δήμαρχος ἐξέδωκεν ἀνακοίνωσιν.
Ὁ κ. Κλεμανσώ ἀπεφάσισε νὰ ὑποβάλῃ τὴν συνθήκην εἰς τὴν Βουλὴν μετὰ τὴν ὑπογραφήν. Αἱ ἐφημερίδες τῶν Παρισίων γράφουσιν ὅτι ἡ ὑπογραφὴ θὰ γίνῃ ἐν Βερσαλλίαις. Ἡ γερμανικὴ ἀντιπροσωπεία ἀνεχώρησεν ἐκ Βερσαλλιῶν. Ἡ συνεδρίασις τῶν τεσσάρων διεκόπη. Ὁ πρωθυπουργὸς ἐδήλωσεν ὅτι ἡ κατάστασις εἶναι σοβαρά. Κατὰ τὰς τελευταίας εἰδήσεις ἡ ἀνακωχὴ λήγει. Ἡ ἐλληνικὴ ἀντιπροσωπεία συνεχίζει τὰς ἐνεργείας αὐτῆς παρὰ τῷ Συνεδρίῳ. Ὁ κ. Βενιζέλος ἔσχε μακρὰν συνέντευξιν μετὰ τοῦ κ. Κλεμανσώ. Αἱ ἐπιτροπαὶ ἐξακολουθοῦσι τὰς ἐργασίας των. Ἡ Ἀθηναϊκὴ κοινωνία παρακολουθεῖ μετὰ ἐνδιαφέροντος τὰ γεγονότα. Τὰ ἀτμόπλοια ἀναχωροῦσι κανονικῶς ἐκ Πειραιῶς. Αἱ τιμαὶ τῶν τροφίμων ηὐξήθησαν. Ὁ Δήμαρχος ἐξέδωκεν ἀνακοίνωσιν.
Ὁ κ. Κλεμανσώ ἀπεφάσισε νὰ ὑποβάλῃ τὴν συνθήκην εἰς τὴν Βουλὴν μετὰ τὴν ὑπογραφήν. Αἱ ἐφημερίδες τῶν Παρισίων γράφουσιν ὅτι ἡ ὑπογραφὴ θὰ γίνῃ ἐν Βερσαλλίαις. Ἡ γερμανικὴ ἀντιπροσωπεία ἀνεχώρησεν ἐκ Βερσαλλιῶν. Ἡ συνεδρίασις τῶν τεσσάρων διεκόπη. Ὁ πρωθυπουργὸς ἐδήλωσεν ὅτι ἡ κατάστασις εἶναι σοβαρά. Κατὰ τὰς τελευταίας εἰδήσεις ἡ ἀνακωχὴ λήγει. Ἡ ἐλληνικὴ ἀντιπροσωπεία συνεχίζει τὰς ἐνεργείας αὐτῆς παρὰ τῷ Συνεδρίῳ. Ὁ κ. Βενιζέλος ἔσχε μακρὰν συνέντευξιν μετὰ τοῦ κ. Κλεμανσώ. Αἱ ἐπιτροπαὶ ἐξακολουθοῦσι τὰς ἐργασίας των. Ἡ Ἀθηναϊκὴ κοινωνία παρακολουθεῖ μετὰ ἐνδιαφέροντος τὰ γεγονότα. Τὰ ἀτμόπλοια ἀναχωροῦσι κανονικῶς ἐκ Πειραιῶς. Αἱ τιμαὶ τῶν τροφίμων ηὐξήθησαν. Ὁ Δήμαρχος ἐξέδωκεν ἀνακοίνωσιν.
Ο ΠΡΟΣΑΡΟΣ ΑΝΕΧΩΡΗΣΕ
ΠΑΡΙΣΙΟΙ, 17 Ἰουνίου.
Ὁ κ. Κλεμανσώ ἀπεφάσισε νὰ ὑποβάλῃ τὴν συνθήκην εἰς τὴν Βουλὴν μετὰ τὴν ὑπογραφήν. Αἱ ἐφημερίδες τῶν Παρισίων γράφουσιν ὅτι ἡ ὑπογραφὴ θὰ γίνῃ ἐν Βερσαλλίαις. Ἡ γερμανικὴ ἀντιπροσωπεία ἀνεχώρησεν ἐκ Βερσαλλιῶν. Ἡ συνεδρίασις τῶν τεσσάρων διεκόπη. Ὁ πρωθυπουργὸς ἐδήλωσεν ὅτι ἡ κατάστασις εἶναι σοβαρά. Κατὰ τὰς τελευταίας εἰδήσεις ἡ ἀνακωχὴ λήγει. Ἡ ἐλληνικὴ ἀντιπροσωπεία συνεχίζει τὰς ἐνεργείας αὐτῆς παρὰ τῷ Συνεδρίῳ. Ὁ κ. Βενιζέλος ἔσχε μακρὰν συνέντευξιν μετὰ τοῦ κ. Κλεμανσώ. Αἱ ἐπιτροπαὶ ἐξακολουθοῦσι τὰς ἐργασίας των. Ἡ Ἀθηναϊκὴ κοινωνία παρακολουθεῖ μετὰ ἐνδιαφέροντος τὰ γεγονότα. Τὰ ἀτμόπλοια ἀναχωροῦσι κανονικῶς ἐκ Πειραιῶς. Αἱ τιμαὶ τῶν τροφίμων ηὐξήθησαν. Ὁ Δήμαρχος ἐξέδωκεν ἀνακοίνωσιν.
ΑΙ ΠΥΡΚΑΪΑΙ
ΕΝ ΚΩΝΣΤΑΝΤΙΝΟΥΠΟΛΕΙ
ΚΩΝ/ΠΟΛΙΣ, 18 Ἰουνίου.
Ὁ κ. Κλεμανσώ ἀπεφάσισε νὰ ὑποβάλῃ τὴν συνθήκην εἰς τὴν Βουλὴν μετὰ τὴν ὑπογραφήν. Αἱ ἐφημερίδες τῶν Παρισίων γράφουσιν ὅτι ἡ ὑπογραφὴ θὰ γίνῃ ἐν Βερσαλλίαις. Ἡ γερμανικὴ ἀντιπροσωπεία ἀνεχώρησεν ἐκ Βερσαλλιῶν. Ἡ συνεδρίασις τῶν τεσσάρων διεκόπη. Ὁ πρωθυπουργὸς ἐδήλωσεν ὅτι ἡ κατάστασις εἶναι σοβαρά. Κατὰ τὰς τελευταίας εἰδήσεις ἡ ἀνακωχὴ λήγει. Ἡ ἐλληνικὴ ἀντιπροσωπεία συνεχίζει τὰς ἐνεργείας αὐτῆς παρὰ τῷ Συνεδρίῳ. Ὁ κ. Βενιζέλος ἔσχε μακρὰν συνέντευξιν μετὰ τοῦ κ. Κλεμανσώ. Αἱ ἐπιτροπαὶ ἐξακολουθοῦσι τὰς ἐργασίας των. Ἡ Ἀθηναϊκὴ κοινωνία παρακολουθεῖ μετὰ ἐνδιαφέροντος τὰ γεγονότα. Τὰ ἀτμόπλοια ἀναχωροῦσι κανονικῶς ἐκ Πειραιῶς. Αἱ τιμαὶ τῶν τροφίμων ηὐξήθησαν. Ὁ Δήμαρχος ἐξέδωκεν ἀνακοίνωσιν.
Η ΕΛΛΑΣ ΕΙΣ ΤΟΥΣ ΟΛΥΜΠΙΑΚΟΥΣ
ΠΑΡΙΣΙΟΙ, 18 Ἰουνίου.
Ὁ κ. Κλεμανσώ ἀπεφάσισε νὰ ὑποβάλῃ τὴν συνθήκην εἰς τὴν Βουλὴν μετὰ τὴν ὑπογραφήν. Αἱ ἐφημερίδες τῶν Παρισίων γράφουσιν ὅτι ἡ ὑπογραφὴ θὰ γίνῃ ἐν Βερσαλλίαις. Ἡ γερμανικὴ ἀντιπροσωπεία ἀνεχώρησεν ἐκ Βερσαλλιῶν. Ἡ συνεδρίασις τῶν τεσσάρων διεκόπη. Ὁ πρωθυπουργὸς ἐδήλωσεν ὅτι ἡ κατάστασις εἶναι σοβαρά. Κατὰ τὰς τελευταίας εἰδήσεις ἡ ἀνακωχὴ λήγει. Ἡ ἐλληνικὴ ἀντιπροσωπεία συνεχίζει τὰς ἐνεργείας αὐτῆς παρὰ τῷ Συνεδρίῳ. Ὁ κ. Βενιζέλος ἔσχε μακρὰν συνέντευξιν μετὰ τοῦ κ. Κλεμανσώ. Αἱ ἐπιτροπαὶ ἐξακολουθοῦσι τὰς ἐργασίας των. Ἡ Ἀθηναϊκὴ κοινωνία παρακολουθεῖ μετὰ ἐνδιαφέροντος τὰ γεγονότα. Τὰ ἀτμόπλοια ἀναχωροῦσι κανονικῶς ἐκ Πειραιῶς. Αἱ τιμαὶ τῶν τροφίμων ηὐξήθησαν. Ὁ Δήμαρχος ἐξέδωκεν ἀνακοίνωσιν.
ΘΕΑΤΡΑ
Ὁ κ. Κλεμανσώ ἀπεφάσισε νὰ ὑποβάλῃ τὴν συνθήκην εἰς τὴν Βουλὴν μετὰ τὴν ὑπογραφήν. Αἱ ἐφημερίδες τῶν Παρισίων γράφουσιν ὅτι ἡ ὑπογραφὴ θὰ γίνῃ ἐν Βερσαλλίαις. Ἡ γερμανικὴ ἀντιπροσωπεία ἀνεχώρησεν ἐκ Βερσαλλιῶν. Ἡ συνεδρίασις τῶν τεσσάρων διεκόπη. Ὁ πρωθυπουργὸς ἐδήλωσεν ὅτι ἡ κατάστασις εἶναι σοβαρά. Κατὰ τὰς τελευταίας εἰδήσεις ἡ ἀνακωχὴ λήγει. Ἡ ἐλληνικὴ ἀντιπροσωπεία συνεχίζει τὰς ἐνεργείας αὐτῆς παρὰ τῷ Συνεδρίῳ. Ὁ κ. Βενιζέλος ἔσχε μακρὰν συνέντευξιν μετὰ τοῦ κ. Κλεμανσώ. Αἱ ἐπιτροπαὶ ἐξακολουθοῦσι τὰς ἐργασίας των. Ἡ Ἀθηναϊκὴ κοινωνία παρακολουθεῖ μετὰ ἐνδιαφέροντος τὰ γεγονότα. Τὰ ἀτμόπλοια ἀναχωροῦσι κανονικῶς ἐκ Πειραιῶς. Αἱ τιμαὶ τῶν τροφίμων ηὐξήθησαν. Ὁ Δήμαρχος ἐξέδωκεν ἀνακοίνωσιν. Ἡ Κυβέρνησις ἀνακοινοῖ ὅτι αἱ διαπραγματεύσεις συνεχίζονται. Ἐν τῇ Βουλῇ συνεζητήθη τὸ νομοσχέδιον περὶ τῶν ἐφεδρειῶν. Ὁ ὑπουργὸς τῶν Στρατιωτικῶν ἀπήντησεν εἰς τὰς ἐρωτήσεις. Ἐν Σμύρνῃ ἡ κατάστασις βελτιοῦται. Τὰ ἑλληνικὰ στρατεύματα προχωροῦσι. Αἱ ἀρχαὶ ἔλαβον τὰ μέτρα των. Ἡ Κυβέρνησις ἀνακοινοῖ ὅτι αἱ διαπραγματεύσεις συνεχίζονται. Ὁ ὑπουργὸς τῶν Ἐξωτερικῶν ἐδήλωσεν ὅτι αἱ σχέσεις μετὰ τῶν συμμάχων εἶναι ἄριστοι. Ἡ ἐφοδιαστικὴ ὑπηρεσία διανέμει τὰ τρόφιμα. Αἱ ἐργασίαι τοῦ λιμένος προχωροῦσι ταχέως.
Η ΠΡΩΤΗ ΤΟΥ ΝΕΟΥ «ΠΑΠΑΓΑΛΛΟΥ»
Ὁ κ. Κλεμανσώ ἀπεφάσισε νὰ ὑποβάλῃ τὴν συνθήκην εἰς τὴν Βουλὴν μετὰ τὴν ὑπογραφήν. Αἱ ἐφημερίδες τῶν Παρισίων γράφουσιν ὅτι ἡ ὑπογραφὴ θὰ γίνῃ ἐν Βερσαλλίαις. Ἡ γερμανικὴ ἀντιπροσωπεία ἀνεχώρησεν ἐκ Βερσαλλιῶν. Ἡ συνεδρίασις τῶν τεσσάρων διεκόπη. Ὁ πρωθυπουργὸς ἐδήλωσεν ὅτι ἡ κατάστασις εἶναι σοβαρά. Κατὰ τὰς τελευταίας εἰδήσεις ἡ ἀνακωχὴ λήγει. Ἡ ἐλληνικὴ ἀντιπροσωπεία συνεχίζει τὰς ἐνεργείας αὐτῆς παρὰ τῷ Συνεδρίῳ. Ὁ κ. Βενιζέλος ἔσχε μακρὰν συνέντευξιν μετὰ τοῦ κ. Κλεμανσώ. Αἱ ἐπιτροπαὶ ἐξακολουθοῦσι τὰς ἐργασίας των. Ἡ Ἀθηναϊκὴ κοινωνία παρακολουθεῖ μετὰ ἐνδιαφέροντος τὰ γεγονότα. Τὰ ἀτμόπλοια ἀναχωροῦσι κανονικῶς ἐκ Πειραιῶς. Αἱ τιμαὶ τῶν τροφίμων ηὐξήθησαν. Ὁ Δήμαρχος ἐξέδωκεν ἀνακοίνωσιν.
ΤΑΧΥΔΡΟΜΕΙΑ
Τετάρτη, 19 Ἰουνίου.
Ὁ κ. Κλεμανσώ ἀπεφάσισε νὰ ὑποβάλῃ τὴν συνθήκην εἰς τὴν Βουλὴν μετὰ τὴν ὑπογραφήν. Αἱ ἐφημερίδες τῶν Παρισίων γράφουσιν ὅτι ἡ ὑπογραφὴ θὰ γίνῃ ἐν Βερσαλλίαις. Ἡ γερμανικὴ ἀντιπροσωπεία ἀνεχώρησεν ἐκ Βερσαλλιῶν. Ἡ συνεδρίασις τῶν τεσσάρων διεκόπη. Ὁ πρωθυπουργὸς ἐδήλωσεν ὅτι ἡ κατάστασις εἶναι σοβαρά. Κατὰ τὰς τελευταίας εἰδήσεις ἡ ἀνακωχὴ λήγει. Ἡ ἐλληνικὴ ἀντιπροσωπεία συνεχίζει τὰς ἐνεργείας αὐτῆς παρὰ τῷ Συνεδρίῳ. Ὁ κ. Βενιζέλος ἔσχε μακρὰν συνέντευξιν μετὰ τοῦ κ. Κλεμανσώ. Αἱ ἐπιτροπαὶ ἐξακολουθοῦσι τὰς ἐργασίας των. Ἡ Ἀθηναϊκὴ κοινωνία παρακολουθεῖ μετὰ ἐνδιαφέροντος τὰ γεγονότα. Τὰ ἀτμόπλοια ἀναχωροῦσι κανονικῶς ἐκ Πειραιῶς. Αἱ τιμαὶ τῶν τροφίμων ηὐξήθησαν. Ὁ Δήμαρχος ἐξέδωκεν ἀνακοίνωσιν.
ΚΟΙΝΩΝΙΚΑ
Ὁ κ. Κλεμανσώ ἀπεφάσισε νὰ ὑποβάλῃ τὴν συνθήκην εἰς τὴν Βουλὴν μετὰ τὴν ὑπογραφήν. Αἱ ἐφημερίδες τῶν Παρισίων γράφουσιν ὅτι ἡ ὑπογραφὴ θὰ γίνῃ ἐν Βερσαλλίαις. Ἡ γερμανικὴ ἀντιπροσωπεία ἀνεχώρησεν ἐκ Βερσαλλιῶν. Ἡ συνεδρίασις τῶν τεσσάρων διεκόπη. Ὁ πρωθυπουργὸς ἐδήλωσεν ὅτι ἡ κατάστασις εἶναι σοβαρά. Κατὰ τὰς τελευταίας εἰδήσεις ἡ ἀνακωχὴ λήγει. Ἡ ἐλληνικὴ ἀντιπροσωπεία συνεχίζει τὰς ἐνεργείας αὐτῆς παρὰ τῷ Συνεδρίῳ. Ὁ κ. Βενιζέλος ἔσχε μακρὰν συνέντευξιν μετὰ τοῦ κ. Κλεμανσώ. Αἱ ἐπιτροπαὶ ἐξακολουθοῦσι τὰς ἐργασίας των. Ἡ Ἀθηναϊκὴ κοινωνία παρακολουθεῖ μετὰ ἐνδιαφέροντος τὰ γεγονότα. Τὰ ἀτμόπλοια ἀναχωροῦσι κανονικῶς ἐκ Πειραιῶς. Αἱ τιμαὶ τῶν τροφίμων ηὐξήθησαν. Ὁ Δήμαρχος ἐξέδωκεν ἀνακοίνωσιν.
ΤΟ ΕΡΓΟΝ ΤΟΥ ΚΛΕΜΑΝΣΩ
Ὁ κ. Κλεμανσώ ἀπεφάσισε νὰ ὑποβάλῃ τὴν συνθήκην εἰς τὴν Βουλὴν μετὰ τὴν ὑπογραφήν. Αἱ ἐφημερίδες τῶν Παρισίων γράφουσιν ὅτι ἡ ὑπογραφὴ θὰ γίνῃ ἐν Βερσαλλίαις. Ἡ γερμανικὴ ἀντιπροσωπεία ἀνεχώρησεν ἐκ Βερσαλλιῶν. Ἡ συνεδρίασις τῶν τεσσάρων διεκόπη. Ὁ πρωθυπουργὸς ἐδήλωσεν ὅτι ἡ κατάστασις εἶναι σοβαρά. Κατὰ τὰς τελευταίας εἰδήσεις ἡ ἀνακωχὴ λήγει. Ἡ ἐλληνικὴ ἀντιπροσωπεία συνεχίζει τὰς ἐνεργείας αὐτῆς παρὰ τῷ Συνεδρίῳ. Ὁ κ. Βενιζέλος ἔσχε μακρὰν συνέντευξιν μετὰ τοῦ κ. Κλεμανσώ. Αἱ ἐπιτροπαὶ ἐξακολουθοῦσι τὰς ἐργασίας των. Ἡ Ἀθηναϊκὴ κοινωνία παρακολουθεῖ μετὰ ἐνδιαφέροντος τὰ γεγονότα. Τὰ ἀτμόπλοια ἀναχωροῦσι κανονικῶς ἐκ Πειραιῶς. Αἱ τιμαὶ τῶν τροφίμων ηὐξήθησαν. Ὁ Δήμαρχος ἐξέδωκεν ἀνακοίνωσιν.
ΣΥΓΧΑΡΗΤΗΡΙΑ
Ὁ κ. Κλεμανσώ ἀπεφάσισε νὰ ὑποβάλῃ τὴν συνθήκην εἰς τὴν Βουλὴν μετὰ τὴν ὑπογραφήν. Αἱ ἐφημερίδες τῶν Παρισίων γράφουσιν ὅτι ἡ ὑπογραφὴ θὰ γίνῃ ἐν Βερσαλλίαις. Ἡ γερμανικὴ ἀντιπροσωπεία ἀνεχώρησεν ἐκ Βερσαλλιῶν. Ἡ συνεδρίασις τῶν τεσσάρων διεκόπη. Ὁ πρωθυπουργὸς ἐδήλωσεν ὅτι ἡ κατάστασις εἶναι σοβαρά. Κατὰ τὰς τελευταίας εἰδήσεις ἡ ἀνακωχὴ λήγει. Ἡ ἐλληνικὴ ἀντιπροσωπεία συνεχίζει τὰς ἐνεργείας αὐτῆς παρὰ τῷ Συνεδρίῳ. Ὁ κ. Βενιζέλος ἔσχε μακρὰν συνέντευξιν μετὰ τοῦ κ. Κλεμανσώ. Αἱ ἐπιτροπαὶ ἐξακολουθοῦσι τὰς ἐργασίας των. Ἡ Ἀθηναϊκὴ κοινωνία παρακολουθεῖ μετὰ ἐνδιαφέροντος τὰ γεγονότα. Τὰ ἀτμόπλοια ἀναχωροῦσι κανονικῶς ἐκ Πειραιῶς. Αἱ τιμαὶ τῶν τροφίμων ηὐξήθησαν. Ὁ Δήμαρχος ἐξέδωκεν ἀνακοίνωσιν.
ΒΟΥΛΓΑΡΙΚΑ ΨΕΥΔΗ
Ὁ κ. Κλεμανσώ ἀπεφάσισε νὰ ὑποβάλῃ τὴν συνθήκην εἰς τὴν Βουλὴν μετὰ τὴν ὑπογραφήν. Αἱ ἐφημερίδες τῶν Παρισίων γράφουσιν ὅτι ἡ ὑπογραφὴ θὰ γίνῃ ἐν Βερσαλλίαις. Ἡ γερμανικὴ ἀντιπροσωπεία ἀνεχώρησεν ἐκ Βερσαλλιῶν. Ἡ συνεδρίασις τῶν τεσσάρων διεκόπη. Ὁ πρωθυπουργὸς ἐδήλωσεν ὅτι ἡ κατάστασις εἶναι σοβαρά. Κατὰ τὰς τελευταίας εἰδήσεις ἡ ἀνακωχὴ λήγει. Ἡ ἐλληνικὴ ἀντιπροσωπεία συνεχίζει τὰς ἐνεργείας αὐτῆς παρὰ τῷ Συνεδρίῳ. Ὁ κ. Βενιζέλος ἔσχε μακρὰν συνέντευξιν μετὰ τοῦ κ. Κλεμανσώ. Αἱ ἐπιτροπαὶ ἐξακολουθοῦσι τὰς ἐργασίας των. Ἡ Ἀθηναϊκὴ κοινωνία παρακολουθεῖ μετὰ ἐνδιαφέροντος τὰ γεγονότα. Τὰ ἀτμόπλοια ἀναχωροῦσι κανονικῶς ἐκ Πειραιῶς. Αἱ τιμαὶ τῶν τροφίμων ηὐξήθησαν. Ὁ Δήμαρχος ἐξέδωκεν ἀνακοίνωσιν. Ἡ Κυβέρνησις ἀνακοινοῖ ὅτι αἱ διαπραγματεύσεις συνεχίζονται. Ἐν τῇ Βουλῇ συνεζητήθη τὸ νομοσχέδιον περὶ τῶν ἐφεδρειῶν. Ὁ ὑπουργὸς τῶν Στρατιωτικῶν ἀπήντησεν εἰς τὰς ἐρωτήσεις. Ἐν Σμύρνῃ ἡ κατάστασις βελτιοῦται. Τὰ ἑλληνικὰ στρατεύματα προχωροῦσι. Αἱ ἀρχαὶ ἔλαβον τὰ μέτρα των. Ἡ Κυβέρνησις ἀνακοινοῖ ὅτι αἱ διαπραγματεύσεις συνεχίζονται. Ὁ ὑπουργὸς τῶν Ἐξωτερικῶν ἐδήλωσεν ὅτι αἱ σχέσεις μετὰ τῶν συμμάχων εἶναι ἄριστοι. Ἡ ἐφοδιαστικὴ ὑπηρεσία διανέμει τὰ τρόφιμα. Αἱ ἐργασίαι τοῦ λιμένος προχωροῦσι ταχέως.
ΑΙ ΤΡΕΧΟΥΣΑΙ ΔΑΙΜΗΝΙΣΜΟΙ
Ὁ κ. Κλεμανσώ ἀπεφάσισε νὰ ὑποβάλῃ τὴν συνθήκην εἰς τὴν Βουλὴν μετὰ τὴν ὑπογραφήν. Αἱ ἐφημερίδες τῶν Παρισίων γράφουσιν ὅτι ἡ ὑπογραφὴ θὰ γίνῃ ἐν Βερσαλλίαις. Ἡ γερμανικὴ ἀντιπροσωπεία ἀνεχώρησεν ἐκ Βερσαλλιῶν. Ἡ συνεδρίασις τῶν τεσσάρων διεκόπη. Ὁ πρωθυπουργὸς ἐδήλωσεν ὅτι ἡ κατάστασις εἶναι σοβαρά. Κατὰ τὰς τελευταίας εἰδήσεις ἡ ἀνακωχὴ λήγει. Ἡ ἐλληνικὴ ἀντιπροσωπεία συνεχίζει τὰς ἐνεργείας αὐτῆς παρὰ τῷ Συνεδρίῳ. Ὁ κ. Βενιζέλος ἔσχε μακρὰν συνέντευξιν μετὰ τοῦ κ. Κλεμανσώ. Αἱ ἐπιτροπαὶ ἐξακολουθοῦσι τὰς ἐργασίας των. Ἡ Ἀθηναϊκὴ κοινωνία παρακολουθεῖ μετὰ ἐνδιαφέροντος τὰ γεγονότα. Τὰ ἀτμόπλοια ἀναχωροῦσι κανονικῶς ἐκ Πειραιῶς. Αἱ τιμαὶ τῶν τροφίμων ηὐξήθησαν. Ὁ Δήμαρχος ἐξέδωκεν ἀνακοίνωσιν.
ΑΙ ΑΠΟΖΗΜΙΩΣΕΙΣ
Ὁ κ. Κλεμανσώ ἀπεφάσισε νὰ ὑποβάλῃ τὴν συνθήκην εἰς τὴν Βουλὴν μετὰ τὴν ὑπογραφήν. Αἱ ἐφημερίδες τῶν Παρισίων γράφουσιν ὅτι ἡ ὑπογραφὴ θὰ γίνῃ ἐν Βερσαλλίαις. Ἡ γερμανικὴ ἀντιπροσωπεία ἀνεχώρησεν ἐκ Βερσαλλιῶν. Ἡ συνεδρίασις τῶν τεσσάρων διεκόπη. Ὁ πρωθυπουργὸς ἐδήλωσεν ὅτι ἡ κατάστασις εἶναι σοβαρά. Κατὰ τὰς τελευταίας εἰδήσεις ἡ ἀνακωχὴ λήγει. Ἡ ἐλληνικὴ ἀντιπροσωπεία συνεχίζει τὰς ἐνεργείας αὐτῆς παρὰ τῷ Συνεδρίῳ. Ὁ κ. Βενιζέλος ἔσχε μακρὰν συνέντευξιν μετὰ τοῦ κ. Κλεμανσώ. Αἱ ἐπιτροπαὶ ἐξακολουθοῦσι τὰς ἐργασίας των. Ἡ Ἀθηναϊκὴ κοινωνία παρακολουθεῖ μετὰ ἐνδιαφέροντος τὰ γεγονότα. Τὰ ἀτμόπλοια ἀναχωροῦσι κανονικῶς ἐκ Πειραιῶς. Αἱ τιμαὶ τῶν τροφίμων ηὐξήθησαν. Ὁ Δήμαρχος ἐξέδωκεν ἀνακοίνωσιν.
Ο ΕΦΟΔΙΑΣΜΟΣ
Ὁ κ. Κλεμανσώ ἀπεφάσισε νὰ ὑποβάλῃ τὴν συνθήκην εἰς τὴν Βουλὴν μετὰ τὴν ὑπογραφήν. Αἱ ἐφημερίδες τῶν Παρισίων γράφουσιν ὅτι ἡ ὑπογραφὴ θὰ γίνῃ ἐν Βερσαλλίαις. Ἡ γερμανικὴ ἀντιπροσωπεία ἀνεχώρησεν ἐκ Βερσαλλιῶν. Ἡ συνεδρίασις τῶν τεσσάρων διεκόπη. Ὁ πρωθυπουργὸς ἐδήλωσεν ὅτι ἡ κατάστασις εἶναι σοβαρά. Κατὰ τὰς τελευταίας εἰδήσεις ἡ ἀνακωχὴ λήγει. Ἡ ἐλληνικὴ ἀντιπροσωπεία συνεχίζει τὰς ἐνεργείας αὐτῆς παρὰ τῷ Συνεδρίῳ. Ὁ κ. Βενιζέλος ἔσχε μακρὰν συνέντευξιν μετὰ τοῦ κ. Κλεμανσώ. Αἱ ἐπιτροπαὶ ἐξακολουθοῦσι τὰς ἐργασίας των. Ἡ Ἀθηναϊκὴ κοινωνία παρακολουθεῖ μετὰ ἐνδιαφέροντος τὰ γεγονότα. Τὰ ἀτμόπλοια ἀναχωροῦσι κανονικῶς ἐκ Πειραιῶς. Αἱ τιμαὶ τῶν τροφίμων ηὐξήθησαν. Ὁ Δήμαρχος ἐξέδωκεν ἀνακοίνωσιν.
ΣΤΡΑΤΙΩΤΙΚΑ
Ὁ κ. Κλεμανσώ ἀπεφάσισε νὰ ὑποβάλῃ τὴν συνθήκην εἰς τὴν Βουλὴν μετὰ τὴν ὑπογραφήν. Αἱ ἐφημερίδες τῶν Παρισίων γράφουσιν ὅτι ἡ ὑπογραφὴ θὰ γίνῃ ἐν Βερσαλλίαις. Ἡ γερμανικὴ ἀντιπροσωπεία ἀνεχώρησεν ἐκ Βερσαλλιῶν. Ἡ συνεδρίασις τῶν τεσσάρων διεκόπη. Ὁ πρωθυπουργὸς ἐδήλωσεν ὅτι ἡ κατάστασις εἶναι σοβαρά. Κατὰ τὰς τελευταίας εἰδήσεις ἡ ἀνακωχὴ λήγει. Ἡ ἐλληνικὴ ἀντιπροσωπεία συνεχίζει τὰς ἐνεργείας αὐτῆς παρὰ τῷ Συνεδρίῳ. Ὁ κ. Βενιζέλος ἔσχε μακρὰν συνέντευξιν μετὰ τοῦ κ. Κλεμανσώ. Αἱ ἐπιτροπαὶ ἐξακολουθοῦσι τὰς ἐργασίας των. Ἡ Ἀθηναϊκὴ κοινωνία παρακολουθεῖ μετὰ ἐνδιαφέροντος τὰ γεγονότα. Τὰ ἀτμόπλοια ἀναχωροῦσι κανονικῶς ἐκ Πειραιῶς. Αἱ τιμαὶ τῶν τροφίμων ηὐξήθησαν. Ὁ Δήμαρχος ἐξέδωκεν ἀνακοίνωσιν.
ΛΥΚΕΙΟΝ ΕΛΛΗΝΙΔΩΝ
Ὁ κ. Κλεμανσώ ἀπεφάσισε νὰ ὑποβάλῃ τὴν συνθήκην εἰς τὴν Βουλὴν μετὰ τὴν ὑπογραφήν. Αἱ ἐφημερίδες τῶν Παρισίων γράφουσιν ὅτι ἡ ὑπογραφὴ θὰ γίνῃ ἐν Βερσαλλίαις. Ἡ γερμανικὴ ἀντιπροσωπεία ἀνεχώρησεν ἐκ Βερσαλλιῶν. Ἡ συνεδρίασις τῶν τεσσάρων διεκόπη. Ὁ πρωθυπουργὸς ἐδήλωσεν ὅτι ἡ κατάστασις εἶναι σοβαρά. Κατὰ τὰς τελευταίας εἰδήσεις ἡ ἀνακωχὴ λήγει. Ἡ ἐλληνικὴ ἀντιπροσωπεία συνεχίζει τὰς ἐνεργείας αὐτῆς παρὰ τῷ Συνεδρίῳ. Ὁ κ. Βενιζέλος ἔσχε μακρὰν συνέντευξιν μετὰ τοῦ κ. Κλεμανσώ. Αἱ ἐπιτροπαὶ ἐξακολουθοῦσι τὰς ἐργασίας των. Ἡ Ἀθηναϊκὴ κοινωνία παρακολουθεῖ μετὰ ἐνδιαφέροντος τὰ γεγονότα. Τὰ ἀτμόπλοια ἀναχωροῦσι κανονικῶς ἐκ Πειραιῶς. Αἱ τιμαὶ τῶν τροφίμων ηὐξήθησαν. Ὁ Δήμαρχος ἐξέδωκεν ἀνακοίνωσιν.
Η ΝΕΑ ΤΡΙΠΛΗ
ΡΩΜΗ, 18 Ἰουνίου.
Ὁ κ. Κλεμανσώ ἀπεφάσισε νὰ ὑποβάλῃ τὴν συνθήκην εἰς τὴν Βουλὴν μετὰ τὴν ὑπογραφήν. Αἱ ἐφημερίδες τῶν Παρισίων γράφουσιν ὅτι ἡ ὑπογραφὴ θὰ γίνῃ ἐν Βερσαλλίαις. Ἡ γερμανικὴ ἀντιπροσωπεία ἀνεχώρησεν ἐκ Βερσαλλιῶν. Ἡ συνεδρίασις τῶν τεσσάρων διεκόπη. Ὁ πρωθυπουργὸς ἐδήλωσεν ὅτι ἡ κατάστασις εἶναι σοβαρά. Κατὰ τὰς τελευταίας εἰδήσεις ἡ ἀνακωχὴ λήγει. Ἡ ἐλληνικὴ ἀντιπροσωπεία συνεχίζει τὰς ἐνεργείας αὐτῆς παρὰ τῷ Συνεδρίῳ. Ὁ κ. Βενιζέλος ἔσχε μακρὰν συνέντευξιν μετὰ τοῦ κ. Κλεμανσώ. Αἱ ἐπιτροπαὶ ἐξακολουθοῦσι τὰς ἐργασίας των. Ἡ Ἀθηναϊκὴ κοινωνία παρακολουθεῖ μετὰ ἐνδιαφέροντος τὰ γεγονότα. Τὰ ἀτμόπλοια ἀναχωροῦσι κανονικῶς ἐκ Πειραιῶς. Αἱ τιμαὶ τῶν τροφίμων ηὐξήθησαν. Ὁ Δήμαρχος ἐξέδωκεν ἀνακοίνωσιν.
ΟΙ ΙΣΡΑΗΛΙΤΑΙ ΔΙΑΜΑΡΤΥΡΟΝΤΑΙ
Ὁ κ. Κλεμανσώ ἀπεφάσισε νὰ ὑποβάλῃ τὴν συνθήκην εἰς τὴν Βουλὴν μετὰ τὴν ὑπογραφήν. Αἱ ἐφημερίδες τῶν Παρισίων γράφουσιν ὅτι ἡ ὑπογραφὴ θὰ γίνῃ ἐν Βερσαλλίαις. Ἡ γερμανικὴ ἀντιπροσωπεία ἀνεχώρησεν ἐκ Βερσαλλιῶν. Ἡ συνεδρίασις τῶν τεσσάρων διεκόπη. Ὁ πρωθυπουργὸς ἐδήλωσεν ὅτι ἡ κατάστασις εἶναι σοβαρά. Κατὰ τὰς τελευταίας εἰδήσεις ἡ ἀνακωχὴ λήγει. Ἡ ἐλληνικὴ ἀντιπροσωπεία συνεχίζει τὰς ἐνεργείας αὐτῆς παρὰ τῷ Συνεδρίῳ. Ὁ κ. Βενιζέλος ἔσχε μακρὰν συνέντευξιν μετὰ τοῦ κ. Κλεμανσώ. Αἱ ἐπιτροπαὶ ἐξακολουθοῦσι τὰς ἐργασίας των. Ἡ Ἀθηναϊκὴ κοινωνία παρακολουθεῖ μετὰ ἐνδιαφέροντος τὰ γεγονότα. Τὰ ἀτμόπλοια ἀναχωροῦσι κανονικῶς ἐκ Πειραιῶς. Αἱ τιμαὶ τῶν τροφίμων ηὐξήθησαν. Ὁ Δήμαρχος ἐξέδωκεν ἀνακοίνωσιν. Ἡ Κυβέρνησις ἀνακοινοῖ ὅτι αἱ διαπραγματεύσεις συνεχίζονται. Ἐν τῇ Βουλῇ συνεζητήθη τὸ νομοσχέδιον περὶ τῶν ἐφεδρειῶν. Ὁ ὑπουργὸς τῶν Στρατιωτικῶν ἀπήντησεν εἰς τὰς ἐρωτήσεις. Ἐν Σμύρνῃ ἡ κατάστασις βελτιοῦται. Τὰ ἑλληνικὰ στρατεύματα προχωροῦσι. Αἱ ἀρχαὶ ἔλαβον τὰ μέτρα των. Ἡ Κυβέρνησις ἀνακοινοῖ ὅτι αἱ διαπραγματεύσεις συνεχίζονται. Ὁ ὑπουργὸς τῶν Ἐξωτερικῶν ἐδήλωσεν ὅτι αἱ σχέσεις μετὰ τῶν συμμάχων εἶναι ἄριστοι. Ἡ ἐφοδιαστικὴ ὑπηρεσία διανέμει τὰ τρόφιμα. Αἱ ἐργασίαι τοῦ λιμένος προχωροῦσι ταχέως.
Ο κ. ΚΑΦΑΝΤΑΡΗΣ ΕΙΣ ΣΜΥΡΝΗΝ
Ὁ κ. Κλεμανσώ ἀπεφάσισε νὰ ὑποβάλῃ τὴν συνθήκην εἰς τὴν Βουλὴν μετὰ τὴν ὑπογραφήν. Αἱ ἐφημερίδες τῶν Παρισίων γράφουσιν ὅτι ἡ ὑπογραφὴ θὰ γίνῃ ἐν Βερσαλλίαις. Ἡ γερμανικὴ ἀντιπροσωπεία ἀνεχώρησεν ἐκ Βερσαλλιῶν. Ἡ συνεδρίασις τῶν τεσσάρων διεκόπη. Ὁ πρωθυπουργὸς ἐδήλωσεν ὅτι ἡ κατάστασις εἶναι σοβαρά. Κατὰ τὰς τελευταίας εἰδήσεις ἡ ἀνακωχὴ λήγει. Ἡ ἐλληνικὴ ἀντιπροσωπεία συνεχίζει τὰς ἐνεργείας αὐτῆς παρὰ τῷ Συνεδρίῳ. Ὁ κ. Βενιζέλος ἔσχε μακρὰν συνέντευξιν μετὰ τοῦ κ. Κλεμανσώ. Αἱ ἐπιτροπαὶ ἐξακολουθοῦσι τὰς ἐργασίας των. Ἡ Ἀθηναϊκὴ κοινωνία παρακολουθεῖ μετὰ ἐνδιαφέροντος τὰ γεγονότα. Τὰ ἀτμόπλοια ἀναχωροῦσι κανονικῶς ἐκ Πειραιῶς. Αἱ τιμαὶ τῶν τροφίμων ηὐξήθησαν. Ὁ Δήμαρχος ἐξέδωκεν ἀνακοίνωσιν.
ΤΑ ΚΟΥΒΙΝΑ ΑΥΞΗΣΥΜΑΤΑ
Ὁ κ. Κλεμανσώ ἀπεφάσισε νὰ ὑποβάλῃ τὴν συνθήκην εἰς τὴν Βουλὴν μετὰ τὴν ὑπογραφήν. Αἱ ἐφημερίδες τῶν Παρισίων γράφουσιν ὅτι ἡ ὑπογραφὴ θὰ γίνῃ ἐν Βερσαλλίαις. Ἡ γερμανικὴ ἀντιπροσωπεία ἀνεχώρησεν ἐκ Βερσαλλιῶν. Ἡ συνεδρίασις τῶν τεσσάρων διεκόπη. Ὁ πρωθυπουργὸς ἐδήλωσεν ὅτι ἡ κατάστασις εἶναι σοβαρά. Κατὰ τὰς τελευταίας εἰδήσεις ἡ ἀνακωχὴ λήγει. Ἡ ἐλληνικὴ ἀντιπροσωπεία συνεχίζει τὰς ἐνεργείας αὐτῆς παρὰ τῷ Συνεδρίῳ. Ὁ κ. Βενιζέλος ἔσχε μακρὰν συνέντευξιν μετὰ τοῦ κ. Κλεμανσώ. Αἱ ἐπιτροπαὶ ἐξακολουθοῦσι τὰς ἐργασίας των. Ἡ Ἀθηναϊκὴ κοινωνία παρακολουθεῖ μετὰ ἐνδιαφέροντος τὰ γεγονότα. Τὰ ἀτμόπλοια ἀναχωροῦσι κανονικῶς ἐκ Πειραιῶς. Αἱ τιμαὶ τῶν τροφίμων ηὐξήθησαν. Ὁ Δήμαρχος ἐξέδωκεν ἀνακοίνωσιν.
ΣΥΝΤΟΜΟΙ ΕΙΔΗΣΕΙΣ
Ὁ κ. Κλεμανσώ ἀπεφάσισε νὰ ὑποβάλῃ τὴν συνθήκην εἰς τὴν Βουλὴν μετὰ τὴν ὑπογραφήν. Αἱ ἐφημερίδες τῶν Παρισίων γράφουσιν ὅτι ἡ ὑπογραφὴ θὰ γίνῃ ἐν Βερσαλλίαις. Ἡ γερμανικὴ ἀντιπροσωπεία ἀνεχώρησεν ἐκ Βερσαλλιῶν. Ἡ συνεδρίασις τῶν τεσσάρων διεκόπη. Ὁ πρωθυπουργὸς ἐδήλωσεν ὅτι ἡ κατάστασις εἶναι σοβαρά. Κατὰ τὰς τελευταίας εἰδήσεις ἡ ἀνακωχὴ λήγει. Ἡ ἐλληνικὴ ἀντιπροσωπεία συνεχίζει τὰς ἐνεργείας αὐτῆς παρὰ τῷ Συνεδρίῳ. Ὁ κ. Βενιζέλος ἔσχε μακρὰν συνέντευξιν μετὰ τοῦ κ. Κλεμανσώ. Αἱ ἐπιτροπαὶ ἐξακολουθοῦσι τὰς ἐργασίας των. Ἡ Ἀθηναϊκὴ κοινωνία παρακολουθεῖ μετὰ ἐνδιαφέροντος τὰ γεγονότα. Τὰ ἀτμόπλοια ἀναχωροῦσι κανονικῶς ἐκ Πειραιῶς. Αἱ τιμαὶ τῶν τροφίμων ηὐξήθησαν. Ὁ Δήμαρχος ἐξέδωκεν ἀνακοίνωσιν.
ΔΕΥΤΕΡΑ ΕΚΔΟΣΙΣ
ΔΙΑΤΙ ΑΠΕΠΕΜΦΘΗΣΑΝ ΟΙ ΤΟΥΡΚΟΙ
ΝΕΠΙΣΤΟΛΗ ΤΟΥ κ. ΚΛΕΜΑΝΣΩ
ΑΠΟΤΟΜΟΣ ΔΙΑΚΟΠΗ ΤΩΝ ΔΙΑΣΚΕΔΑΣΕΩΝ
ΡΩΜΗ, 18 Ἰουνίου.
Ὁ κ. Κλεμανσώ ἀπεφάσισε νὰ ὑποβάλῃ τὴν συνθήκην εἰς τὴν Βουλὴν μετὰ τὴν ὑπογραφήν. Αἱ ἐφημερίδες τῶν Παρισίων γράφουσιν ὅτι ἡ ὑπογραφὴ θὰ γίνῃ ἐν Βερσαλλίαις. Ἡ γερμανικὴ ἀντιπροσωπεία ἀνεχώρησεν ἐκ Βερσαλλιῶν. Ἡ συνεδρίασις τῶν τεσσάρων διεκόπη. Ὁ πρωθυπουργὸς ἐδήλωσεν ὅτι ἡ κατάστασις εἶναι σοβαρά. Κατὰ τὰς τελευταίας εἰδήσεις ἡ ἀνακωχὴ λήγει. Ἡ ἐλληνικὴ ἀντιπροσωπεία συνεχίζει τὰς ἐνεργείας αὐτῆς παρὰ τῷ Συνεδρίῳ. Ὁ κ. Βενιζέλος ἔσχε μακρὰν συνέντευξιν μετὰ τοῦ κ. Κλεμανσώ. Αἱ ἐπιτροπαὶ ἐξακολουθοῦσι τὰς ἐργασίας των. Ἡ Ἀθηναϊκὴ κοινωνία παρακολουθεῖ μετὰ ἐνδιαφέροντος τὰ γεγονότα. Τὰ ἀτμόπλοια ἀναχωροῦσι κανονικῶς ἐκ Πειραιῶς. Αἱ τιμαὶ τῶν τροφίμων ηὐξήθησαν. Ὁ Δήμαρχος ἐξέδωκεν ἀνακοίνωσιν.
ΣΗΜΕΡΟΝ ΦΕΥΓΟΥΝ!
ΠΑΡΙΣΙΟΙ, 18 Ἰουνίου.
Ὁ κ. Κλεμανσώ ἀπεφάσισε νὰ ὑποβάλῃ τὴν συνθήκην εἰς τὴν Βουλὴν μετὰ τὴν ὑπογραφήν. Αἱ ἐφημερίδες τῶν Παρισίων γράφουσιν ὅτι ἡ ὑπογραφὴ θὰ γίνῃ ἐν Βερσαλλίαις. Ἡ γερμανικὴ ἀντιπροσωπεία ἀνεχώρησεν ἐκ Βερσαλλιῶν. Ἡ συνεδρίασις τῶν τεσσάρων διεκόπη. Ὁ πρωθυπουργὸς ἐδήλωσεν ὅτι ἡ κατάστασις εἶναι σοβαρά. Κατὰ τὰς τελευταίας εἰδήσεις ἡ ἀνακωχὴ λήγει. Ἡ ἐλληνικὴ ἀντιπροσωπεία συνεχίζει τὰς ἐνεργείας αὐτῆς παρὰ τῷ Συνεδρίῳ. Ὁ κ. Βενιζέλος ἔσχε μακρὰν συνέντευξιν μετὰ τοῦ κ. Κλεμανσώ. Αἱ ἐπιτροπαὶ ἐξακολουθοῦσι τὰς ἐργασίας των. Ἡ Ἀθηναϊκὴ κοινωνία παρακολουθεῖ μετὰ ἐνδιαφέροντος τὰ γεγονότα. Τὰ ἀτμόπλοια ἀναχωροῦσι κανονικῶς ἐκ Πειραιῶς. Αἱ τιμαὶ τῶν τροφίμων ηὐξήθησαν. Ὁ Δήμαρχος ἐξέδωκεν ἀνακοίνωσιν.
Ὁ κ. Κλεμανσώ ἀπεφάσισε νὰ ὑποβάλῃ τὴν συνθήκην εἰς τὴν Βουλὴν μετὰ τὴν ὑπογραφήν. Αἱ ἐφημερίδες τῶν Παρισίων γράφουσιν ὅτι ἡ ὑπογραφὴ θὰ γίνῃ ἐν Βερσαλλίαις. Ἡ γερμανικὴ ἀντιπροσωπεία ἀνεχώρησεν ἐκ Βερσαλλιῶν. Ἡ συνεδρίασις τῶν τεσσάρων διεκόπη. Ὁ πρωθυπουργὸς ἐδήλωσεν ὅτι ἡ κατάστασις εἶναι σοβαρά. Κατὰ τὰς τελευταίας εἰδήσεις ἡ ἀνακωχὴ λήγει. Ἡ ἐλληνικὴ ἀντιπροσωπεία συνεχίζει τὰς ἐνεργείας αὐτῆς παρὰ τῷ Συνεδρίῳ. Ὁ κ. Βενιζέλος ἔσχε μακρὰν συνέντευξιν μετὰ τοῦ κ. Κλεμανσώ. Αἱ ἐπιτροπαὶ ἐξακολουθοῦσι τὰς ἐργασίας των. Ἡ Ἀθηναϊκὴ κοινωνία παρακολουθεῖ μετὰ ἐνδιαφέροντος τὰ γεγονότα. Τὰ ἀτμόπλοια ἀναχωροῦσι κανονικῶς ἐκ Πειραιῶς. Αἱ τιμαὶ τῶν τροφίμων ηὐξήθησαν. Ὁ Δήμαρχος ἐξέδωκεν ἀνακοίνωσιν.
Η ΕΠΙΣΤΟΛΗ
ΠΑΡΙΣΙΟΙ, 17 Ἰουνίου.
Ὁ κ. Κλεμανσώ ἀπεφάσισε νὰ ὑποβάλῃ τὴν συνθήκην εἰς τὴν Βουλὴν μετὰ τὴν ὑπογραφήν. Αἱ ἐφημερίδες τῶν Παρισίων γράφουσιν ὅτι ἡ ὑπογραφὴ θὰ γίνῃ ἐν Βερσαλλίαις. Ἡ γερμανικὴ ἀντιπροσωπεία ἀνεχώρησεν ἐκ Βερσαλλιῶν. Ἡ συνεδρίασις τῶν τεσσάρων διεκόπη. Ὁ πρωθυπουργὸς ἐδήλωσεν ὅτι ἡ κατάστασις εἶναι σοβαρά. Κατὰ τὰς τελευταίας εἰδήσεις ἡ ἀνακωχὴ λήγει. Ἡ ἐλληνικὴ ἀντιπροσωπεία συνεχίζει τὰς ἐνεργείας αὐτῆς παρὰ τῷ Συνεδρίῳ. Ὁ κ. Βενιζέλος ἔσχε μακρὰν συνέντευξιν μετὰ τοῦ κ. Κλεμανσώ. Αἱ ἐπιτροπαὶ ἐξακολουθοῦσι τὰς ἐργασίας των. Ἡ Ἀθηναϊκὴ κοινωνία παρακολουθεῖ μετὰ ἐνδιαφέροντος τὰ γεγονότα. Τὰ ἀτμόπλοια ἀναχωροῦσι κανονικῶς ἐκ Πειραιῶς. Αἱ τιμαὶ τῶν τροφίμων ηὐξήθησαν. Ὁ Δήμαρχος ἐξέδωκεν ἀνακοίνωσιν. Ἡ Κυβέρνησις ἀνακοινοῖ ὅτι αἱ διαπραγματεύσεις συνεχίζονται. Ἐν τῇ Βουλῇ συνεζητήθη τὸ νομοσχέδιον περὶ τῶν ἐφεδρειῶν. Ὁ ὑπουργὸς τῶν Στρατιωτικῶν ἀπήντησεν εἰς τὰς ἐρωτήσεις. Ἐν Σμύρνῃ ἡ κατάστασις βελτιοῦται. Τὰ ἑλληνικὰ στρατεύματα προχωροῦσι. Αἱ ἀρχαὶ ἔλαβον τὰ μέτρα των.
Ο ΠΑΤΡΙΑΡΧΗΣ ΔΙΑΜΑΡΤΥΡΕΤΑΙ
ΠΡΟΣ ΤΟΝ κ. ΚΛΕΜΑΝΣΩ
ΠΑΡΙΣΙΟΙ, 18 Ἰουνίου.
Ὁ κ. Κλεμανσώ ἀπεφάσισε νὰ ὑποβάλῃ τὴν συνθήκην εἰς τὴν Βουλὴν μετὰ τὴν ὑπογραφήν. Αἱ ἐφημερίδες τῶν Παρισίων γράφουσιν ὅτι ἡ ὑπογραφὴ θὰ γίνῃ ἐν Βερσαλλίαις. Ἡ γερμανικὴ ἀντιπροσωπεία ἀνεχώρησεν ἐκ Βερσαλλιῶν. Ἡ συνεδρίασις τῶν τεσσάρων διεκόπη. Ὁ πρωθυπουργὸς ἐδήλωσεν ὅτι ἡ κατάστασις εἶναι σοβαρά. Κατὰ τὰς τελευταίας εἰδήσεις ἡ ἀνακωχὴ λήγει. Ἡ ἐλληνικὴ ἀντιπροσωπεία συνεχίζει τὰς ἐνεργείας αὐτῆς παρὰ τῷ Συνεδρίῳ. Ὁ κ. Βενιζέλος ἔσχε μακρὰν συνέντευξιν μετὰ τοῦ κ. Κλεμανσώ. Αἱ ἐπιτροπαὶ ἐξακολουθοῦσι τὰς ἐργασίας των. Ἡ Ἀθηναϊκὴ κοινωνία παρακολουθεῖ μετὰ ἐνδιαφέροντος τὰ γεγονότα. Τὰ ἀτμόπλοια ἀναχωροῦσι κανονικῶς ἐκ Πειραιῶς. Αἱ τιμαὶ τῶν τροφίμων ηὐξήθησαν. Ὁ Δήμαρχος ἐξέδωκεν ἀνακοίνωσιν.
Ὁ κ. Κλεμανσώ ἀπεφάσισε νὰ ὑποβάλῃ τὴν συνθήκην εἰς τὴν Βουλὴν μετὰ τὴν ὑπογραφήν. Αἱ ἐφημερίδες τῶν Παρισίων γράφουσιν ὅτι ἡ ὑπογραφὴ θὰ γίνῃ ἐν Βερσαλλίαις. Ἡ γερμανικὴ ἀντιπροσωπεία ἀνεχώρησεν ἐκ Βερσαλλιῶν. Ἡ συνεδρίασις τῶν τεσσάρων διεκόπη. Ὁ πρωθυπουργὸς ἐδήλωσεν ὅτι ἡ κατάστασις εἶναι σοβαρά. Κατὰ τὰς τελευταίας εἰδήσεις ἡ ἀνακωχὴ λήγει. Ἡ ἐλληνικὴ ἀντιπροσωπεία συνεχίζει τὰς ἐνεργείας αὐτῆς παρὰ τῷ Συνεδρίῳ. Ὁ κ. Βενιζέλος ἔσχε μακρὰν συνέντευξιν μετὰ τοῦ κ. Κλεμανσώ. Αἱ ἐπιτροπαὶ ἐξακολουθοῦσι τὰς ἐργασίας των. Ἡ Ἀθηναϊκὴ κοινωνία παρακολουθεῖ μετὰ ἐνδιαφέροντος τὰ γεγονότα. Τὰ ἀτμόπλοια ἀναχωροῦσι κανονικῶς ἐκ Πειραιῶς. Αἱ τιμαὶ τῶν τροφίμων ηὐξήθησαν. Ὁ Δήμαρχος ἐξέδωκεν ἀνακοίνωσιν.
ΕΠΙΚΕΙΤΑΙ ΚΑΙ Η ΑΥΣΤΡΙΑΚΗ ΕΙΡΗΝΗ
ΠΑΡΙΣΙΟΙ, 18 Ἰουνίου.
Ὁ κ. Κλεμανσώ ἀπεφάσισε νὰ ὑποβάλῃ τὴν συνθήκην εἰς τὴν Βουλὴν μετὰ τὴν ὑπογραφήν. Αἱ ἐφημερίδες τῶν Παρισίων γράφουσιν ὅτι ἡ ὑπογραφὴ θὰ γίνῃ ἐν Βερσαλλίαις. Ἡ γερμανικὴ ἀντιπροσωπεία ἀνεχώρησεν ἐκ Βερσαλλιῶν. Ἡ συνεδρίασις τῶν τεσσάρων διεκόπη. Ὁ πρωθυπουργὸς ἐδήλωσεν ὅτι ἡ κατάστασις εἶναι σοβαρά. Κατὰ τὰς τελευταίας εἰδήσεις ἡ ἀνακωχὴ λήγει. Ἡ ἐλληνικὴ ἀντιπροσωπεία συνεχίζει τὰς ἐνεργείας αὐτῆς παρὰ τῷ Συνεδρίῳ. Ὁ κ. Βενιζέλος ἔσχε μακρὰν συνέντευξιν μετὰ τοῦ κ. Κλεμανσώ. Αἱ ἐπιτροπαὶ ἐξακολουθοῦσι τὰς ἐργασίας των. Ἡ Ἀθηναϊκὴ κοινωνία παρακολουθεῖ μετὰ ἐνδιαφέροντος τὰ γεγονότα. Τὰ ἀτμόπλοια ἀναχωροῦσι κανονικῶς ἐκ Πειραιῶς. Αἱ τιμαὶ τῶν τροφίμων ηὐξήθησαν. Ὁ Δήμαρχος ἐξέδωκεν ἀνακοίνωσιν. Ἡ Κυβέρνησις ἀνακοινοῖ ὅτι αἱ διαπραγματεύσεις συνεχίζονται. Ἐν τῇ Βουλῇ συνεζητήθη τὸ νομοσχέδιον περὶ τῶν ἐφεδρειῶν. Ὁ ὑπουργὸς τῶν Στρατιωτικῶν ἀπήντησεν εἰς τὰς ἐρωτήσεις. Ἐν Σμύρνῃ ἡ κατάστασις βελτιοῦται. Τὰ ἑλληνικὰ στρατεύματα προχωροῦσι. Αἱ ἀρχαὶ ἔλαβον τὰ μέτρα των. Ἡ Κυβέρνησις ἀνακοινοῖ ὅτι αἱ διαπραγματεύσεις συνεχίζονται. Ὁ ὑπουργὸς τῶν Ἐξωτερικῶν ἐδήλωσεν ὅτι αἱ σχέσεις μετὰ τῶν συμμάχων εἶναι ἄριστοι. Ἡ ἐφοδιαστικὴ ὑπηρεσία διανέμει τὰ τρόφιμα. Αἱ ἐργασίαι τοῦ λιμένος προχωροῦσι ταχέως.	Ο Ι ΟΡΟΙ
ΠΑΡΙΣΙΟΙ, 18 Ἰουνίου.
Ὁ κ. Κλεμανσώ ἀπεφάσισε νὰ ὑποβάλῃ τὴν συνθήκην εἰς τὴν Βουλὴν μετὰ τὴν ὑπογραφήν. Αἱ ἐφημερίδες τῶν Παρισίων γράφουσιν ὅτι ἡ ὑπογραφὴ θὰ γίνῃ ἐν Βερσαλλίαις. Ἡ γερμανικὴ ἀντιπροσωπεία ἀνεχώρησεν ἐκ Βερσαλλιῶν. Ἡ συνεδρίασις τῶν τεσσάρων διεκόπη. Ὁ πρωθυπουργὸς ἐδήλωσεν ὅτι ἡ κατάστασις εἶναι σοβαρά. Κατὰ τὰς τελευταίας εἰδήσεις ἡ ἀνακωχὴ λήγει. Ἡ ἐλληνικὴ ἀντιπροσωπεία συνεχίζει τὰς ἐνεργείας αὐτῆς παρὰ τῷ Συνεδρίῳ. Ὁ κ. Βενιζέλος ἔσχε μακρὰν συνέντευξιν μετὰ τοῦ κ. Κλεμανσώ. Αἱ ἐπιτροπαὶ ἐξακολουθοῦσι τὰς ἐργασίας των. Ἡ Ἀθηναϊκὴ κοινωνία παρακολουθεῖ μετὰ ἐνδιαφέροντος τὰ γεγονότα. Τὰ ἀτμόπλοια ἀναχωροῦσι κανονικῶς ἐκ Πειραιῶς. Αἱ τιμαὶ τῶν τροφίμων ηὐξήθησαν. Ὁ Δήμαρχος ἐξέδωκεν ἀνακοίνωσιν. Ἡ Κυβέρνησις ἀνακοινοῖ ὅτι αἱ διαπραγματεύσεις συνεχίζονται. Ἐν τῇ Βουλῇ συνεζητήθη τὸ νομοσχέδιον περὶ τῶν ἐφεδρειῶν. Ὁ ὑπουργὸς τῶν Στρατιωτικῶν ἀπήντησεν εἰς τὰς ἐρωτήσεις. Ἐν Σμύρνῃ ἡ κατάστασις βελτιοῦται. Τὰ ἑλληνικὰ στρατεύματα προχωροῦσι. Αἱ ἀρχαὶ ἔλαβον τὰ μέτρα των. Ἡ Κυβέρνησις ἀνακοινοῖ ὅτι αἱ διαπραγματεύσεις συνεχίζονται. Ὁ ὑπουργὸς τῶν Ἐξωτερικῶν ἐδήλωσεν ὅτι αἱ σχέσεις μετὰ τῶν συμμάχων εἶναι ἄριστοι. Ἡ ἐφοδιαστικὴ ὑπηρεσία διανέμει τὰ τρόφιμα. Αἱ ἐργασίαι τοῦ λιμένος προχωροῦσι ταχέως.
ΠΡΩΤΟΝ ΤΟ ΙΤΑΛΙΚΟΝ ΖΗΤΗΜΑ
ΡΩΜΗ, 18 Ἰουνίου.
Ὁ κ. Κλεμανσώ ἀπεφάσισε νὰ ὑποβάλῃ τὴν συνθήκην εἰς τὴν Βουλὴν μετὰ τὴν ὑπογραφήν. Αἱ ἐφημερίδες τῶν Παρισίων γράφουσιν ὅτι ἡ ὑπογραφὴ θὰ γίνῃ ἐν Βερσαλλίαις. Ἡ γερμανικὴ ἀντιπροσωπεία ἀνεχώρησεν ἐκ Βερσαλλιῶν. Ἡ συνεδρίασις τῶν τεσσάρων διεκόπη. Ὁ πρωθυπουργὸς ἐδήλωσεν ὅτι ἡ κατάστασις εἶναι σοβαρά. Κατὰ τὰς τελευταίας εἰδήσεις ἡ ἀνακωχὴ λήγει. Ἡ ἐλληνικὴ ἀντιπροσωπεία συνεχίζει τὰς ἐνεργείας αὐτῆς παρὰ τῷ Συνεδρίῳ. Ὁ κ. Βενιζέλος ἔσχε μακρὰν συνέντευξιν μετὰ τοῦ κ. Κλεμανσώ. Αἱ ἐπιτροπαὶ ἐξακολουθοῦσι τὰς ἐργασίας των. Ἡ Ἀθηναϊκὴ κοινωνία παρακολουθεῖ μετὰ ἐνδιαφέροντος τὰ γεγονότα. Τὰ ἀτμόπλοια ἀναχωροῦσι κανονικῶς ἐκ Πειραιῶς. Αἱ τιμαὶ τῶν τροφίμων ηὐξήθησαν. Ὁ Δήμαρχος ἐξέδωκεν ἀνακοίνωσιν.
ΜΙΑ ΣΟΝΙΚΗ ΔΙΑΔΟΧΗ
Ὁ κ. Κλεμανσώ ἀπεφάσισε νὰ ὑποβάλῃ τὴν συνθήκην εἰς τὴν Βουλὴν μετὰ τὴν ὑπογραφήν. Αἱ ἐφημερίδες τῶν Παρισίων γράφουσιν ὅτι ἡ ὑπογραφὴ θὰ γίνῃ ἐν Βερσαλλίαις. Ἡ γερμανικὴ ἀντιπροσωπεία ἀνεχώρησεν ἐκ Βερσαλλιῶν. Ἡ συνεδρίασις τῶν τεσσάρων διεκόπη. Ὁ πρωθυπουργὸς ἐδήλωσεν ὅτι ἡ κατάστασις εἶναι σοβαρά. Κατὰ τὰς τελευταίας εἰδήσεις ἡ ἀνακωχὴ λήγει. Ἡ ἐλληνικὴ ἀντιπροσωπεία συνεχίζει τὰς ἐνεργείας αὐτῆς παρὰ τῷ Συνεδρίῳ. Ὁ κ. Βενιζέλος ἔσχε μακρὰν συνέντευξιν μετὰ τοῦ κ. Κλεμανσώ. Αἱ ἐπιτροπαὶ ἐξακολουθοῦσι τὰς ἐργασίας των. Ἡ Ἀθηναϊκὴ κοινωνία παρακολουθεῖ μετὰ ἐνδιαφέροντος τὰ γεγονότα. Τὰ ἀτμόπλοια ἀναχωροῦσι κανονικῶς ἐκ Πειραιῶς. Αἱ τιμαὶ τῶν τροφίμων ηὐξήθησαν. Ὁ Δήμαρχος ἐξέδωκεν ἀνακοίνωσιν.
Ὁ κ. Κλεμανσώ ἀπεφάσισε νὰ ὑποβάλῃ τὴν συνθήκην εἰς τὴν Βουλὴν μετὰ τὴν ὑπογραφήν. Αἱ ἐφημερίδες τῶν Παρισίων γράφουσιν ὅτι ἡ ὑπογραφὴ θὰ γίνῃ ἐν Βερσαλλίαις. Ἡ γερμανικὴ ἀντιπροσωπεία ἀνεχώρησεν ἐκ Βερσαλλιῶν. Ἡ συνεδρίασις τῶν τεσσάρων διεκόπη. Ὁ πρωθυπουργὸς ἐδήλωσεν ὅτι ἡ κατάστασις εἶναι σοβαρά. Κατὰ τὰς τελευταίας εἰδήσεις ἡ ἀνακωχὴ λήγει. Ἡ ἐλληνικὴ ἀντιπροσωπεία συνεχίζει τὰς ἐνεργείας αὐτῆς παρὰ τῷ Συνεδρίῳ. Ὁ κ. Βενιζέλος ἔσχε μακρὰν συνέντευξιν μετὰ τοῦ κ. Κλεμανσώ. Αἱ ἐπιτροπαὶ ἐξακολουθοῦσι τὰς ἐργασίας των. Ἡ Ἀθηναϊκὴ κοινωνία παρακολουθεῖ μετὰ ἐνδιαφέροντος τὰ γεγονότα. Τὰ ἀτμόπλοια ἀναχωροῦσι κανονικῶς ἐκ Πειραιῶς. Αἱ τιμαὶ τῶν τροφίμων ηὐξήθησαν. Ὁ Δήμαρχος ἐξέδωκεν ἀνακοίνωσιν.
ΝΑ ΔΙΚΑΣΘΗ Ο ΚΑΣΚ'ΑΔΛΑΡΙΟΣ ΑΝΤΙ ΤΟΥ ΚΑΪΖΕΡ
Η ΑΡΣΙΣ ΤΟΥ ΓΕΡΜΑΝ. ΑΠΟΚΛΕΙΣΜΟΥ
ΠΑΡΙΣΙΟΙ, 18 Ἰουνίου.
Ὁ κ. Κλεμανσώ ἀπεφάσισε νὰ ὑποβάλῃ τὴν συνθήκην εἰς τὴν Βουλὴν μετὰ τὴν ὑπογραφήν. Αἱ ἐφημερίδες τῶν Παρισίων γράφουσιν ὅτι ἡ ὑπογραφὴ θὰ γίνῃ ἐν Βερσαλλίαις. Ἡ γερμανικὴ ἀντιπροσωπεία ἀνεχώρησεν ἐκ Βερσαλλιῶν. Ἡ συνεδρίασις τῶν τεσσάρων διεκόπη. Ὁ πρωθυπουργὸς ἐδήλωσεν ὅτι ἡ κατάστασις εἶναι σοβαρά. Κατὰ τὰς τελευταίας εἰδήσεις ἡ ἀνακωχὴ λήγει. Ἡ ἐλληνικὴ ἀντιπροσωπεία συνεχίζει τὰς ἐνεργείας αὐτῆς παρὰ τῷ Συνεδρίῳ. Ὁ κ. Βενιζέλος ἔσχε μακρὰν συνέντευξιν μετὰ τοῦ κ. Κλεμανσώ. Αἱ ἐπιτροπαὶ ἐξακολουθοῦσι τὰς ἐργασίας των. Ἡ Ἀθηναϊκὴ κοινωνία παρακολουθεῖ μετὰ ἐνδιαφέροντος τὰ γεγονότα. Τὰ ἀτμόπλοια ἀναχωροῦσι κανονικῶς ἐκ Πειραιῶς. Αἱ τιμαὶ τῶν τροφίμων ηὐξήθησαν. Ὁ Δήμαρχος ἐξέδωκεν ἀνακοίνωσιν. Ἡ Κυβέρνησις ἀνακοινοῖ ὅτι αἱ διαπραγματεύσεις συνεχίζονται. Ἐν τῇ Βουλῇ συνεζητήθη τὸ νομοσχέδιον περὶ τῶν ἐφεδρειῶν. Ὁ ὑπουργὸς τῶν Στρατιωτικῶν ἀπήντησεν εἰς τὰς ἐρωτήσεις. Ἐν Σμύρνῃ ἡ κατάστασις βελτιοῦται. Τὰ ἑλληνικὰ στρατεύματα προχωροῦσι. Αἱ ἀρχαὶ ἔλαβον τὰ μέτρα των.
Ὁ κ. Κλεμανσώ ἀπεφάσισε νὰ ὑποβάλῃ τὴν συνθήκην εἰς τὴν Βουλὴν μετὰ τὴν ὑπογραφήν. Αἱ ἐφημερίδες τῶν Παρισίων γράφουσιν ὅτι ἡ ὑπογραφὴ θὰ γίνῃ ἐν Βερσαλλίαις. Ἡ γερμανικὴ ἀντιπροσωπεία ἀνεχώρησεν ἐκ Βερσαλλιῶν. Ἡ συνεδρίασις τῶν τεσσάρων διεκόπη. Ὁ πρωθυπουργὸς ἐδήλωσεν ὅτι ἡ κατάστασις εἶναι σοβαρά. Κατὰ τὰς τελευταίας εἰδήσεις ἡ ἀνακωχὴ λήγει. Ἡ ἐλληνικὴ ἀντιπροσωπεία συνεχίζει τὰς ἐνεργείας αὐτῆς παρὰ τῷ Συνεδρίῳ. Ὁ κ. Βενιζέλος ἔσχε μακρὰν συνέντευξιν μετὰ τοῦ κ. Κλεμανσώ. Αἱ ἐπιτροπαὶ ἐξακολουθοῦσι τὰς ἐργασίας των. Ἡ Ἀθηναϊκὴ κοινωνία παρακολουθεῖ μετὰ ἐνδιαφέροντος τὰ γεγονότα. Τὰ ἀτμόπλοια ἀναχωροῦσι κανονικῶς ἐκ Πειραιῶς. Αἱ τιμαὶ τῶν τροφίμων ηὐξήθησαν. Ὁ Δήμαρχος ἐξέδωκεν ἀνακοίνωσιν. Ἡ Κυβέρνησις ἀνακοινοῖ ὅτι αἱ διαπραγματεύσεις συνεχίζονται. Ἐν τῇ Βουλῇ συνεζητήθη τὸ νομοσχέδιον περὶ τῶν ἐφεδρειῶν. Ὁ ὑπουργὸς τῶν Στρατιωτικῶν ἀπήντησεν εἰς τὰς ἐρωτήσεις. Ἐν Σμύρνῃ ἡ κατάστασις βελτιοῦται. Τὰ ἑλληνικὰ στρατεύματα προχωροῦσι. Αἱ ἀρχαὶ ἔλαβον τὰ μέτρα των.
ΤΡΙΤΗ ΕΚΔΟΣΙΣ
ΜΕΤΑ ΤΗΝ ΥΠΟΓΡΑΦΗΝ ΤΗΣ ΕΙΡΗΝΗΣ
ΝΕΑ ΣΤΡΑΤΙΩΤ. ΚΑΤΑΣΤΑΣΙΣ
Ο κ. ΚΛΕΜΑΝΣΩ ΥΠΕΒΑΛΕ ΤΗΝ ΣΥΝΘΗΚΗΝ ΕΙΣ ΤΗΝ ΒΟΥΛΗΝ
ΠΑΡΙΣΙΟΙ, 18 Ἰουνίου.
Ὁ κ. Κλεμανσώ ἀπεφάσισε νὰ ὑποβάλῃ τὴν συνθήκην εἰς τὴν Βουλὴν μετὰ τὴν ὑπογραφήν. Αἱ ἐφημερίδες τῶν Παρισίων γράφουσιν ὅτι ἡ ὑπογραφὴ θὰ γίνῃ ἐν Βερσαλλίαις. Ἡ γερμανικὴ ἀντιπροσωπεία ἀνεχώρησεν ἐκ Βερσαλλιῶν. Ἡ συνεδρίασις τῶν τεσσάρων διεκόπη. Ὁ πρωθυπουργὸς ἐδήλωσεν ὅτι ἡ κατάστασις εἶναι σοβαρά. Κατὰ τὰς τελευταίας εἰδήσεις ἡ ἀνακωχὴ λήγει. Ἡ ἐλληνικὴ ἀντιπροσωπεία συνεχίζει τὰς ἐνεργείας αὐτῆς παρὰ τῷ Συνεδρίῳ. Ὁ κ. Βενιζέλος ἔσχε μακρὰν συνέντευξιν μετὰ τοῦ κ. Κλεμανσώ. Αἱ ἐπιτροπαὶ ἐξακολουθοῦσι τὰς ἐργασίας των. Ἡ Ἀθηναϊκὴ κοινωνία παρακολουθεῖ μετὰ ἐνδιαφέροντος τὰ γεγονότα. Τὰ ἀτμόπλοια ἀναχωροῦσι κανονικῶς ἐκ Πειραιῶς. Αἱ τιμαὶ τῶν τροφίμων ηὐξήθησαν. Ὁ Δήμαρχος ἐξέδωκεν ἀνακοίνωσιν. Ἡ Κυβέρνησις ἀνακοινοῖ ὅτι αἱ διαπραγματεύσεις συνεχίζονται. Ἐν τῇ Βουλῇ συνεζητήθη τὸ νομοσχέδιον περὶ τῶν ἐφεδρειῶν. Ὁ ὑπουργὸς τῶν Στρατιωτικῶν ἀπήντησεν εἰς τὰς ἐρωτήσεις. Ἐν Σμύρνῃ ἡ κατάστασις βελτιοῦται. Τὰ ἑλληνικὰ στρατεύματα προχωροῦσι. Αἱ ἀρχαὶ ἔλαβον τὰ μέτρα των. Ἡ Κυβέρνησις ἀνακοινοῖ ὅτι αἱ διαπραγματεύσεις συνεχίζονται. Ὁ ὑπουργὸς τῶν Ἐξωτερικῶν ἐδήλωσεν ὅτι αἱ σχέσεις μετὰ τῶν συμμάχων εἶναι ἄριστοι. Ἡ ἐφοδιαστικὴ ὑπηρεσία διανέμει τὰ τρόφιμα. Αἱ ἐργασίαι τοῦ λιμένος προχωροῦσι ταχέως.
Ὁ κ. Κλεμανσώ ἀπεφάσισε νὰ ὑποβάλῃ τὴν συνθήκην εἰς τὴν Βουλὴν μετὰ τὴν ὑπογραφήν. Αἱ ἐφημερίδες τῶν Παρισίων γράφουσιν ὅτι ἡ ὑπογραφὴ θὰ γίνῃ ἐν Βερσαλλίαις. Ἡ γερμανικὴ ἀντιπροσωπεία ἀνεχώρησεν ἐκ Βερσαλλιῶν. Ἡ συνεδρίασις τῶν τεσσάρων διεκόπη. Ὁ πρωθυπουργὸς ἐδήλωσεν ὅτι ἡ κατάστασις εἶναι σοβαρά. Κατὰ τὰς τελευταίας εἰδήσεις ἡ ἀνακωχὴ λήγει. Ἡ ἐλληνικὴ ἀντιπροσωπεία συνεχίζει τὰς ἐνεργείας αὐτῆς παρὰ τῷ Συνεδρίῳ. Ὁ κ. Βενιζέλος ἔσχε μακρὰν συνέντευξιν μετὰ τοῦ κ. Κλεμανσώ. Αἱ ἐπιτροπαὶ ἐξακολουθοῦσι τὰς ἐργασίας των. Ἡ Ἀθηναϊκὴ κοινωνία παρακολουθεῖ μετὰ ἐνδιαφέροντος τὰ γεγονότα. Τὰ ἀτμόπλοια ἀναχωροῦσι κανονικῶς ἐκ Πειραιῶς. Αἱ τιμαὶ τῶν τροφίμων ηὐξήθησαν. Ὁ Δήμαρχος ἐξέδωκεν ἀνακοίνωσιν. Ἡ Κυβέρνησις ἀνακοινοῖ ὅτι αἱ διαπραγματεύσεις συνεχίζονται. Ἐν τῇ Βουλῇ συνεζητήθη τὸ νομοσχέδιον περὶ τῶν ἐφεδρειῶν. Ὁ ὑπουργὸς τῶν Στρατιωτικῶν ἀπήντησεν εἰς τὰς ἐρωτήσεις. Ἐν Σμύρνῃ ἡ κατάστασις βελτιοῦται. Τὰ ἑλληνικὰ στρατεύματα προχωροῦσι. Αἱ ἀρχαὶ ἔλαβον τὰ μέτρα των. Ἡ Κυβέρνησις ἀνακοινοῖ ὅτι αἱ διαπραγματεύσεις συνεχίζονται. Ὁ ὑπουργὸς τῶν Ἐξωτερικῶν ἐδήλωσεν ὅτι αἱ σχέσεις μετὰ τῶν συμμάχων εἶναι ἄριστοι. Ἡ ἐφοδιαστικὴ ὑπηρεσία διανέμει τὰ τρόφιμα. Αἱ ἐργασίαι τοῦ λιμένος προχωροῦσι ταχέως.
ΜΕΓΑΛΑ ΒΕΛΓΙΚΑ ΕΡΓΑ
Ὁ κ. Κλεμανσώ ἀπεφάσισε νὰ ὑποβάλῃ τὴν συνθήκην εἰς τὴν Βουλὴν μετὰ τὴν ὑπογραφήν. Αἱ ἐφημερίδες τῶν Παρισίων γράφουσιν ὅτι ἡ ὑπογραφὴ θὰ γίνῃ ἐν Βερσαλλίαις. Ἡ γερμανικὴ ἀντιπροσωπεία ἀνεχώρησεν ἐκ Βερσαλλιῶν. Ἡ συνεδρίασις τῶν τεσσάρων διεκόπη. Ὁ πρωθυπουργὸς ἐδήλωσεν ὅτι ἡ κατάστασις εἶναι σοβαρά. Κατὰ τὰς τελευταίας εἰδήσεις ἡ ἀνακωχὴ λήγει. Ἡ ἐλληνικὴ ἀντιπροσωπεία συνεχίζει τὰς ἐνεργείας αὐτῆς παρὰ τῷ Συνεδρίῳ. Ὁ κ. Βενιζέλος ἔσχε μακρὰν συνέντευξιν μετὰ τοῦ κ. Κλεμανσώ. Αἱ ἐπιτροπαὶ ἐξακολουθοῦσι τὰς ἐργασίας των. Ἡ Ἀθηναϊκὴ κοινωνία παρακολουθεῖ μετὰ ἐνδιαφέροντος τὰ γεγονότα. Τὰ ἀτμόπλοια ἀναχωροῦσι κανονικῶς ἐκ Πειραιῶς. Αἱ τιμαὶ τῶν τροφίμων ηὐξήθησαν. Ὁ Δήμαρχος ἐξέδωκεν ἀνακοίνωσιν.	ΤΑ ΑΠΟΤΕΛΕΣΜΑΤΑ ΤΗΣ ΠΑΡΑΤΑΣΕΩΣ ΤΩΝ ΜΑΘΗΜΑΤΩΝ
Ὁ κ. Κλεμανσώ ἀπεφάσισε νὰ ὑποβάλῃ τὴν συνθήκην εἰς τὴν Βουλὴν μετὰ τὴν ὑπογραφήν. Αἱ ἐφημερίδες τῶν Παρισίων γράφουσιν ὅτι ἡ ὑπογραφὴ θὰ γίνῃ ἐν Βερσαλλίαις. Ἡ γερμανικὴ ἀντιπροσωπεία ἀνεχώρησεν ἐκ Βερσαλλιῶν. Ἡ συνεδρίασις τῶν τεσσάρων διεκόπη. Ὁ πρωθυπουργὸς ἐδήλωσεν ὅτι ἡ κατάστασις εἶναι σοβαρά. Κατὰ τὰς τελευταίας εἰδήσεις ἡ ἀνακωχὴ λήγει. Ἡ ἐλληνικὴ ἀντιπροσωπεία συνεχίζει τὰς ἐνεργείας αὐτῆς παρὰ τῷ Συνεδρίῳ. Ὁ κ. Βενιζέλος ἔσχε μακρὰν συνέντευξιν μετὰ τοῦ κ. Κλεμανσώ. Αἱ ἐπιτροπαὶ ἐξακολουθοῦσι τὰς ἐργασίας των. Ἡ Ἀθηναϊκὴ κοινωνία παρακολουθεῖ μετὰ ἐνδιαφέροντος τὰ γεγονότα. Τὰ ἀτμόπλοια ἀναχωροῦσι κανονικῶς ἐκ Πειραιῶς. Αἱ τιμαὶ τῶν τροφίμων ηὐξήθησαν. Ὁ Δήμαρχος ἐξέδωκεν ἀνακοίνωσιν.
